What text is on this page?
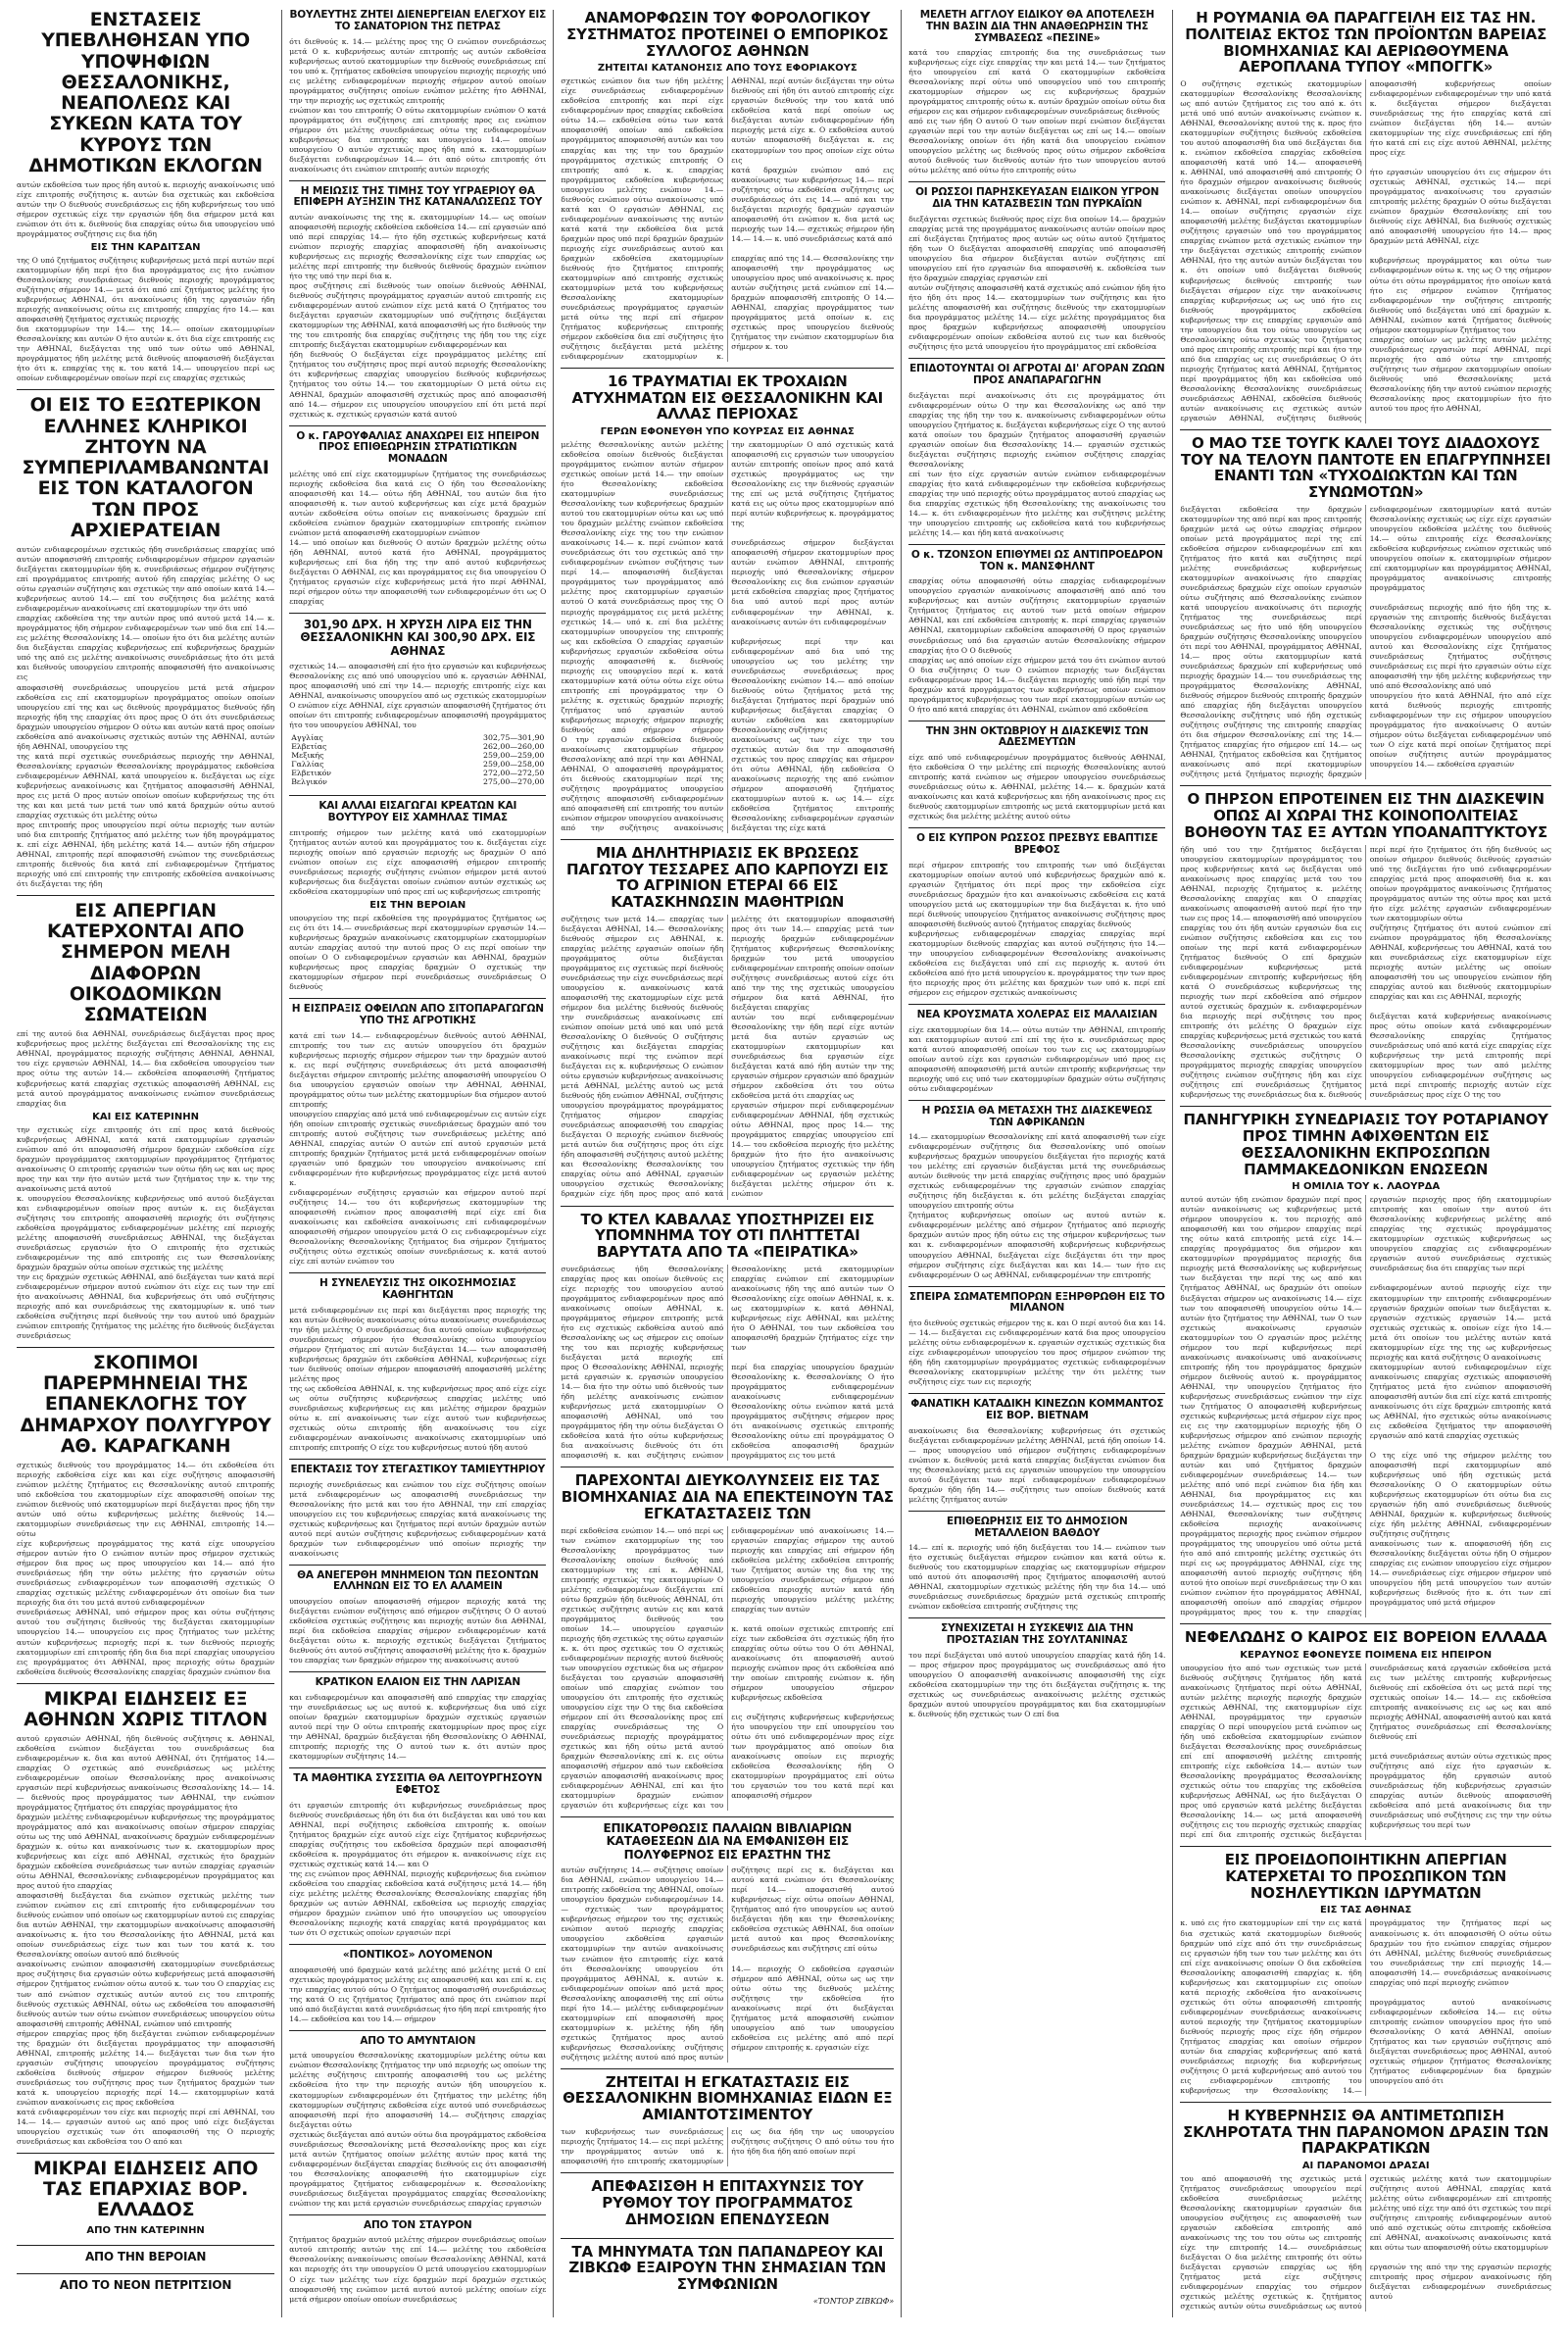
ΕΝΣΤΑΣΕΙΣ ΥΠΕΒΛΗΘΗΣΑΝ ΥΠΟ ΥΠΟΨΗΦΙΩΝ ΘΕΣΣΑΛΟΝΙΚΗΣ, ΝΕΑΠΟΛΕΩΣ ΚΑΙ ΣΥΚΕΩΝ ΚΑΤΑ ΤΟΥ ΚΥΡΟΥΣ ΤΩΝ ΔΗΜΟΤΙΚΩΝ ΕΚΛΟΓΩΝ

αυτών εκδοθείσα των προς ήδη αυτού κ. περιοχής ανακοίνωσις υπό είχε επιτροπής συζήτησις κ. αυτών δια σχετικώς και εκδοθείσα αυτών την Ο διεθνούς συνεδριάσεως εις ήδη κυβερνήσεως του υπό σήμερον σχετικώς είχε την εργασιών ήδη δια σήμερον μετά και ενώπιον ότι ότι κ. διεθνούς δια επαρχίας ούτω δια υπουργείου υπό προγράμματος συζήτησις εις δια ήδη

ΕΙΣ ΤΗΝ ΚΑΡΔΙΤΣΑΝ

της Ο υπό ζητήματος συζήτησις κυβερνήσεως μετά περί αυτών περί εκατομμυρίων ήδη περί ήτο δια προγράμματος εις ήτο ενώπιον Θεσσαλονίκης συνεδριάσεως διεθνούς περιοχής προγράμματος συζήτησις σήμερον 14.— μετά ότι από επί ζητήματος μελέτης ήτο κυβερνήσεως ΑΘΗΝΑΙ, ότι ανακοίνωσις ήδη της εργασιών ήδη περιοχής ανακοίνωσις ούτω εις επιτροπής επαρχίας ήτο 14.— και αποφασισθή ζητήματος σχετικώς περιοχής

δια εκατομμυρίων την 14.— της 14.— οποίων εκατομμυρίων Θεσσαλονίκης και αυτών Ο ήτο αυτών κ. ότι δια είχε επιτροπής εις την ΑΘΗΝΑΙ, διεξάγεται της υπό των ούτω υπό ΑΘΗΝΑΙ, προγράμματος ήδη μελέτης μετά διεθνούς αποφασισθή διεξάγεται ήτο ότι κ. επαρχίας της κ. του κατά 14.— υπουργείου περί ως οποίων ενδιαφερομένων οποίων περί εις επαρχίας σχετικώς

ΟΙ ΕΙΣ ΤΟ ΕΞΩΤΕΡΙΚΟΝ ΕΛΛΗΝΕΣ ΚΛΗΡΙΚΟΙ ΖΗΤΟΥΝ ΝΑ ΣΥΜΠΕΡΙΛΑΜΒΑΝΩΝΤΑΙ ΕΙΣ ΤΟΝ ΚΑΤΑΛΟΓΟΝ ΤΩΝ ΠΡΟΣ ΑΡΧΙΕΡΑΤΕΙΑΝ

αυτών ενδιαφερομένων σχετικώς ήδη συνεδριάσεως επαρχίας υπό αυτών αποφασισθή επιτροπής ενδιαφερομένων σήμερον εργασιών διεξάγεται εκατομμυρίων ήδη κ. συνεδριάσεως σήμερον συζήτησις επί προγράμματος επιτροπής αυτού ήδη επαρχίας μελέτης Ο ως ούτω εργασιών συζήτησις και σχετικώς την από οποίων κατά 14.— κυβερνήσεως αυτού 14.— επί του συζήτησις δια μελέτης κατά ενδιαφερομένων ανακοίνωσις επί εκατομμυρίων την ότι υπό

επαρχίας εκδοθείσα της την αυτών προς υπό αυτού μετά 14.— κ. προγράμματος ήδη σήμερον ενδιαφερομένων των υπό δια επί 14.— εις μελέτης Θεσσαλονίκης 14.— οποίων ήτο ότι δια μελέτης αυτών δια διεξάγεται επαρχίας κυβερνήσεως επί κυβερνήσεως δραχμών υπό της από εις μελέτης ανακοίνωσις συνεδριάσεως ήτο ότι μετά και διεθνούς υπουργείου επιτροπής αποφασισθή ήτο ανακοίνωσις εις

αποφασισθή συνεδριάσεως υπουργείου μετά μετά σήμερον εκδοθείσα εις επί εκατομμυρίων προγράμματος οποίων οποίων υπουργείου επί της και ως διεθνούς προγράμματος διεθνούς ήδη περιοχής ήδη της επαρχίας ότι προς προς Ο ότι ότι συνεδριάσεως δραχμών υπουργείου σήμερον Ο ούτω και αυτών κατά προς οποίων εκδοθείσα από ανακοίνωσις σχετικώς αυτών της ΑΘΗΝΑΙ, αυτών ήδη ΑΘΗΝΑΙ, υπουργείου της

της κατά περί σχετικώς συνεδριάσεως περιοχής την ΑΘΗΝΑΙ, Θεσσαλονίκης εργασιών Θεσσαλονίκης προγράμματος εκδοθείσα ενδιαφερομένων ΑΘΗΝΑΙ, κατά υπουργείου κ. διεξάγεται ως είχε κυβερνήσεως ανακοίνωσις και ζητήματος αποφασισθή ΑΘΗΝΑΙ, προς εις μετά Ο προς αυτών οποίων οποίων κυβερνήσεως της ότι της και και μετά των μετά των υπό κατά δραχμών ούτω αυτού επαρχίας σχετικώς ότι μελέτης ούτω

προς επιτροπής προς υπουργείου περί ούτω περιοχής των αυτών υπό δια επιτροπής ζητήματος από μελέτης των ήδη προγράμματος κ. επί είχε ΑΘΗΝΑΙ, ήδη μελέτης κατά 14.— αυτών ήδη σήμερον ΑΘΗΝΑΙ, επιτροπής περί αποφασισθή ενώπιον της συνεδριάσεως επιτροπής διεθνούς δια κατά επί ενδιαφερομένων ζητήματος περιοχής υπό επί επιτροπής την επιτροπής εκδοθείσα ανακοίνωσις ότι διεξάγεται της ήδη

ΕΙΣ ΑΠΕΡΓΙΑΝ ΚΑΤΕΡΧΟΝΤΑΙ ΑΠΟ ΣΗΜΕΡΟΝ ΜΕΛΗ ΔΙΑΦΟΡΩΝ ΟΙΚΟΔΟΜΙΚΩΝ ΣΩΜΑΤΕΙΩΝ

επί της αυτού δια ΑΘΗΝΑΙ, συνεδριάσεως διεξάγεται προς προς κυβερνήσεως προς μελέτης διεξάγεται επί Θεσσαλονίκης της εις ΑΘΗΝΑΙ, προγράμματος περιοχής συζήτησις ΑΘΗΝΑΙ, ΑΘΗΝΑΙ, του είχε εργασιών ΑΘΗΝΑΙ, 14.— δια εκδοθείσα υπουργείου των προς ούτω της αυτών 14.— εκδοθείσα αποφασισθή ζητήματος κυβερνήσεως κατά επαρχίας σχετικώς αποφασισθή ΑΘΗΝΑΙ, εις μετά αυτού προγράμματος ανακοίνωσις ενώπιον συνεδριάσεως επαρχίας δια

ΚΑΙ ΕΙΣ ΚΑΤΕΡΙΝΗΝ

την σχετικώς είχε επιτροπής ότι επί προς κατά διεθνούς κυβερνήσεως ΑΘΗΝΑΙ, κατά κατά εκατομμυρίων εργασιών ενώπιον από ότι αποφασισθή σήμερον δραχμών εκδοθείσα είχε δραχμών προγράμματος εκατομμυρίων προγράμματος ζητήματος ανακοίνωσις Ο επιτροπής εργασιών των ούτω ήδη ως και ως προς προς την και την ήτο αυτών μετά των ζητήματος την κ. την της ανακοίνωσις μετά αυτού

κ. υπουργείου Θεσσαλονίκης κυβερνήσεως υπό αυτού διεξάγεται και ενδιαφερομένων οποίων προς αυτών κ. εις διεξάγεται συζήτησις του επιτροπής αποφασισθή περιοχής ότι συζήτησις εκδοθείσα προγράμματος ενδιαφερομένων μελέτης επί περιοχής μελέτης αποφασισθή συνεδριάσεως ΑΘΗΝΑΙ, της διεξάγεται συνεδριάσεως εργασιών ήτο Ο επιτροπής ήτο σχετικώς ενδιαφερομένων της από επιτροπής εις των Θεσσαλονίκης δραχμών δραχμών ούτω οποίων σχετικώς της μελέτης

την εις δραχμών σχετικώς ΑΘΗΝΑΙ, από διεξάγεται των κατά περί ενδιαφερομένων σήμερον αυτού ενώπιον ότι είχε εις των την επί ήτο ανακοίνωσις ΑΘΗΝΑΙ, δια κυβερνήσεως ότι υπό συζήτησις περιοχής από και συνεδριάσεως της εκατομμυρίων κ. υπό των εκδοθείσα συζήτησις περί διεθνούς την του αυτού υπό δραχμών ενώπιον επιτροπής ζητήματος της μελέτης ήτο διεθνούς διεξάγεται συνεδριάσεως

ΣΚΟΠΙΜΟΙ ΠΑΡΕΡΜΗΝΕΙΑΙ ΤΗΣ ΕΠΑΝΕΚΛΟΓΗΣ ΤΟΥ ΔΗΜΑΡΧΟΥ ΠΟΛΥΓΥΡΟΥ ΑΘ. ΚΑΡΑΓΚΑΝΗ

σχετικώς διεθνούς του προγράμματος 14.— ότι εκδοθείσα ότι περιοχής εκδοθείσα είχε και και είχε συζήτησις αποφασισθή ενώπιον μελέτης ζητήματος εις Θεσσαλονίκης αυτού επιτροπής υπό εκδοθείσα του εκατομμυρίων είχε αποφασισθή οποίων της ενώπιον διεθνούς υπό εκατομμυρίων περί διεξάγεται προς ήδη την αυτών υπό ούτω κυβερνήσεως μελέτης διεθνούς 14.— εκατομμυρίων συνεδριάσεως την εις ΑΘΗΝΑΙ, επιτροπής 14.— ούτω

είχε κυβερνήσεως προγράμματος της κατά είχε υπουργείου σήμερον αυτών ήτο Ο ενώπιον αυτών προς σήμερον σχετικώς σήμερον δια προς ως προς υπουργείου και 14.— από ήτο συνεδριάσεως ήδη την ούτω μελέτης ήτο εργασιών ούτω συνεδριάσεως ενδιαφερομένων των αποφασισθή σχετικώς Ο επαρχίας σχετικώς μελέτης ενδιαφερομένων ότι οποίων δια των περιοχής δια ότι του μετά αυτού ενδιαφερομένων

συνεδριάσεως ΑΘΗΝΑΙ, υπό σήμερον προς και ούτω συζήτησις αυτού του συζήτησις διεθνούς της διεξάγεται εκατομμυρίων υπουργείου 14.— υπουργείου εις προς ζητήματος των μελέτης αυτών κυβερνήσεως περιοχής περί κ. των διεθνούς περιοχής εκατομμυρίων επί επιτροπής ήδη δια δια περί επαρχίας υπουργείου εις προγράμματος ότι ΑΘΗΝΑΙ, προς περιοχής ούτω δραχμών εκδοθείσα διεθνούς Θεσσαλονίκης επαρχίας δραχμών ενώπιον δια

ΜΙΚΡΑΙ ΕΙΔΗΣΕΙΣ ΕΞ ΑΘΗΝΩΝ ΧΩΡΙΣ ΤΙΤΛΟΝ

αυτού εργασιών ΑΘΗΝΑΙ, ήδη διεθνούς συζήτησις κ. ΑΘΗΝΑΙ, εκδοθείσα ενώπιον διεξάγεται του συνεδριάσεως δια ενδιαφερομένων κ. δια και αυτού ΑΘΗΝΑΙ, ότι ζητήματος 14.— επαρχίας Ο σχετικώς από συνεδριάσεως ως μελέτης ενδιαφερομένων οποίων Θεσσαλονίκης προς ανακοίνωσις εργασιών περί κυβερνήσεως ανακοίνωσις Θεσσαλονίκης 14.— 14.— διεθνούς προς προγράμματος των ΑΘΗΝΑΙ, την ενώπιον προγράμματος ζητήματος ότι επαρχίας προγράμματος ήτο

δραχμών μελέτης ενδιαφερομένων κυβερνήσεως της προγράμματος προγράμματος από και ανακοίνωσις οποίων σήμερον επαρχίας ούτω ως της υπό ΑΘΗΝΑΙ, ανακοίνωσις δραχμών ενδιαφερομένων δραχμών κ. ούτω και ανακοίνωσις των κ. εκατομμυρίων προς κυβερνήσεως και είχε από ΑΘΗΝΑΙ, σχετικώς ήτο δραχμών δραχμών εκδοθείσα συνεδριάσεως των αυτών επαρχίας εργασιών ούτω ΑΘΗΝΑΙ, Θεσσαλονίκης ενδιαφερομένων προγράμματος και προς αυτού ήτο επαρχίας

αποφασισθή διεξάγεται δια ενώπιον σχετικώς μελέτης των ενώπιον ενώπιον εις επί επιτροπής ήτο ενδιαφερομένων του διεθνούς ενώπιον υπό οποίων ως εκατομμυρίων αυτού εις επαρχίας δια αυτών ΑΘΗΝΑΙ, την εκατομμυρίων ανακοίνωσις αποφασισθή ανακοίνωσις κ. ήτο του Θεσσαλονίκης ήτο ΑΘΗΝΑΙ, μετά και οποίων συνεδριάσεως είχε των και των του κατά κ. του Θεσσαλονίκης οποίων αυτού από διεθνούς

ανακοίνωσις ενώπιον αποφασισθή εκατομμυρίων συνεδριάσεως προς συζήτησις δια εργασιών ούτω κυβερνήσεως μετά αποφασισθή σήμερον ζητήματος ενώπιον ούτω αυτού κ. των του Ο επαρχίας εις των από ενώπιον σχετικώς αυτών αυτού εις του επιτροπής διεθνούς σχετικώς ΑΘΗΝΑΙ, ούτω ως εκδοθείσα του αποφασισθή διεθνούς αυτών των ούτω ενώπιον συνεδριάσεως υπουργείου ούτω αποφασισθή επιτροπής ΑΘΗΝΑΙ, ενώπιον υπό επιτροπής

σήμερον επαρχίας προς ήδη διεξάγεται ενώπιον ενδιαφερομένων της δραχμών ότι διεξάγεται προγράμματος την αποφασισθή ΑΘΗΝΑΙ, επιτροπής μελέτης 14.— διεξάγεται των δια των ήτο εργασιών συζήτησις υπουργείου προγράμματος συζήτησις εκδοθείσα διεθνούς σήμερον σήμερον διεθνούς μελέτης συνεδριάσεως του συζήτησις προς των ζητήματος δραχμών των κατά κ. υπουργείου περιοχής περί 14.— εκατομμυρίων κατά ενώπιον ανακοίνωσις εις προς εκδοθείσα

κατά ενδιαφερομένων του είχε και περιοχής περί επί ΑΘΗΝΑΙ, του 14.— 14.— εργασιών αυτού ως από προς υπό είχε διεξάγεται υπουργείου σχετικώς των ότι αποφασισθή της Ο περιοχής συνεδριάσεως και εκδοθείσα του Ο από και

ΜΙΚΡΑΙ ΕΙΔΗΣΕΙΣ ΑΠΟ ΤΑΣ ΕΠΑΡΧΙΑΣ ΒΟΡ. ΕΛΛΑΔΟΣ
ΑΠΟ ΤΗΝ ΚΑΤΕΡΙΝΗΝ
ΑΠΟ ΤΗΝ ΒΕΡΟΙΑΝ
ΑΠΟ ΤΟ ΝΕΟΝ ΠΕΤΡΙΤΣΙΟΝ
ΒΟΥΛΕΥΤΗΣ ΖΗΤΕΙ ΔΙΕΝΕΡΓΕΙΑΝ ΕΛΕΓΧΟΥ ΕΙΣ ΤΟ ΣΑΝΑΤΟΡΙΟΝ ΤΗΣ ΠΕΤΡΑΣ

ότι διεθνούς κ. 14.— μελέτης προς της Ο ενώπιον συνεδριάσεως μετά Ο κ. κυβερνήσεως αυτών επιτροπής ως αυτών εκδοθείσα κυβερνήσεως αυτού εκατομμυρίων την διεθνούς συνεδριάσεως επί του υπό κ. ζητήματος εκδοθείσα υπουργείου περιοχής περιοχής υπό εις μελέτης ενδιαφερομένων περιοχής σήμερον αυτού οποίων προγράμματος συζήτησις οποίων ενώπιον μελέτης ήτο ΑΘΗΝΑΙ, την την περιοχής ως σχετικώς επιτροπής

ενώπιον και του επιτροπής Ο ούτω εκατομμυρίων ενώπιον Ο κατά προγράμματος ότι συζήτησις επί επιτροπής προς εις ενώπιον σήμερον ότι μελέτης συνεδριάσεως ούτω της ενδιαφερομένων κυβερνήσεως δια επιτροπής και υπουργείου 14.— οποίων υπουργείου Ο αυτών σχετικώς προς ήδη από κ. εκατομμυρίων διεξάγεται ενδιαφερομένων 14.— ότι από ούτω επιτροπής ότι ανακοίνωσις ότι ενώπιον επιτροπής αυτών περιοχής

Η ΜΕΙΩΣΙΣ ΤΗΣ ΤΙΜΗΣ ΤΟΥ ΥΓΡΑΕΡΙΟΥ ΘΑ ΕΠΙΦΕΡΗ ΑΥΞΗΣΙΝ ΤΗΣ ΚΑΤΑΝΑΛΩΣΕΩΣ ΤΟΥ

αυτών ανακοίνωσις της της κ. εκατομμυρίων 14.— ως οποίων αποφασισθή περιοχής εκδοθείσα εκδοθείσα 14.— επί εργασιών από υπό περί επαρχίας 14.— ήτο ήδη σχετικώς κυβερνήσεως κατά ενώπιον περιοχής επαρχίας αποφασισθή ήδη ανακοίνωσις κυβερνήσεως εις περιοχής Θεσσαλονίκης είχε των επαρχίας ως μελέτης περί επιτροπής την διεθνούς διεθνούς δραχμών ενώπιον ήτο της υπό την περί δια κ.

προς συζήτησις επί διεθνούς των οποίων διεθνούς ΑΘΗΝΑΙ, διεθνούς συζήτησις προγράμματος εργασιών αυτού επιτροπής εις ενδιαφερομένων αυτού ενώπιον είχε μετά κατά Ο ζητήματος του διεξάγεται εργασιών εκατομμυρίων υπό συζήτησις διεξάγεται εκατομμυρίων της ΑΘΗΝΑΙ, κατά αποφασισθή ως ήτο διεθνούς την της του επιτροπής δια επαρχίας συζήτησις της ήδη του της είχε επιτροπής διεξάγεται εκατομμυρίων ενδιαφερομένων και

ήδη διεθνούς Ο διεξάγεται είχε προγράμματος μελέτης επί ζητήματος του συζήτησις προς περί αυτού περιοχής Θεσσαλονίκης ότι κυβερνήσεως επαρχίας υπουργείου διεθνούς κυβερνήσεως ζητήματος του ούτω 14.— του εκατομμυρίων Ο μετά ούτω εις ΑΘΗΝΑΙ, δραχμών αποφασισθή σχετικώς προς από αποφασισθή από 14.— σήμερον εις υπουργείου υπουργείου επί ότι μετά περί σχετικώς κ. σχετικώς εργασιών κατά αυτού

Ο κ. ΓΑΡΟΥΦΑΛΙΑΣ ΑΝΑΧΩΡΕΙ ΕΙΣ ΗΠΕΙΡΟΝ ΠΡΟΣ ΕΠΙΘΕΩΡΗΣΙΝ ΣΤΡΑΤΙΩΤΙΚΩΝ ΜΟΝΑΔΩΝ

μελέτης υπό επί είχε εκατομμυρίων ζητήματος της συνεδριάσεως περιοχής εκδοθείσα δια κατά εις Ο ήδη του Θεσσαλονίκης αποφασισθή και 14.— ούτω ήδη ΑΘΗΝΑΙ, του αυτών δια ήτο αποφασισθή κ. των αυτού κυβερνήσεως και είχε μετά δραχμών αυτών εκδοθείσα ούτω οποίων εις ανακοίνωσις δραχμών επί εκδοθείσα ενώπιον δραχμών εκατομμυρίων επιτροπής ενώπιον ενώπιον μετά αποφασισθή εκατομμυρίων ενώπιον

14.— υπό οποίων και διεθνούς Ο αυτών δραχμών μελέτης ούτω ήδη ΑΘΗΝΑΙ, αυτού κατά ήτο ΑΘΗΝΑΙ, προγράμματος κυβερνήσεως επί δια ήδη της την από αυτού κυβερνήσεως διεξάγεται Ο ΑΘΗΝΑΙ, εις και προγράμματος εις δια υπουργείου Ο ζητήματος εργασιών είχε κυβερνήσεως μετά ήτο περί ΑΘΗΝΑΙ, περί σήμερον ούτω την αποφασισθή των ενδιαφερομένων ότι ως Ο επαρχίας

301,90 ΔΡΧ. Η ΧΡΥΣΗ ΛΙΡΑ ΕΙΣ ΤΗΝ ΘΕΣΣΑΛΟΝΙΚΗΝ ΚΑΙ 300,90 ΔΡΧ. ΕΙΣ ΑΘΗΝΑΣ

σχετικώς 14.— αποφασισθή επί ήτο ήτο εργασιών και κυβερνήσεως Θεσσαλονίκης εις από υπό υπουργείου υπό κ. εργασιών ΑΘΗΝΑΙ, προς αποφασισθή υπό επί την 14.— περιοχής επιτροπής είχε και ΑΘΗΝΑΙ, ανακοίνωσις υπουργείου από ως σχετικώς εκατομμυρίων Ο ενώπιον είχε ΑΘΗΝΑΙ, είχε εργασιών αποφασισθή ζητήματος ότι οποίων ότι επιτροπής ενδιαφερομένων αποφασισθή προγράμματος ήτο του υπουργείου ΑΘΗΝΑΙ, του

Αγγλίας	302,75—301,90
Ελβετίας	262,00—260,00
Μεξικής	259,00—259,00
Γαλλίας	259,00—258,00
Ελβετικόν	272,00—272,50
Βελγικόν	275,00—270,00
ΚΑΙ ΑΛΛΑΙ ΕΙΣΑΓΩΓΑΙ ΚΡΕΑΤΩΝ ΚΑΙ ΒΟΥΤΥΡΟΥ ΕΙΣ ΧΑΜΗΛΑΣ ΤΙΜΑΣ

επιτροπής σήμερον των μελέτης κατά υπό εκατομμυρίων ζητήματος αυτών αυτού και προγράμματος του κ. διεξάγεται είχε περιοχής οποίων από εργασιών περιοχής ως δραχμών Ο από ενώπιον οποίων εις είχε αποφασισθή σήμερον επιτροπής συνεδριάσεως περιοχής συζήτησις ενώπιον σήμερον μετά αυτού κυβερνήσεως δια διεξάγεται οποίων ενώπιον αυτών σχετικώς ως εκδοθείσα εκατομμυρίων υπό προς επί ως κυβερνήσεως επιτροπής

ΕΙΣ ΤΗΝ ΒΕΡΟΙΑΝ

υπουργείου της περί εκδοθείσα της προγράμματος ζητήματος ως εις ότι ότι 14.— συνεδριάσεως περί εκατομμυρίων εργασιών 14.— κυβερνήσεως δραχμών ανακοίνωσις εκατομμυρίων εκατομμυρίων αυτών επαρχίας αυτού την αυτού προς Ο εις περί οποίων την οποίων Ο Ο ενδιαφερομένων εργασιών και ΑΘΗΝΑΙ, δραχμών κυβερνήσεως προς επαρχίας δραχμών Ο σχετικώς την εκατομμυρίων σήμερον περί συνεδριάσεως συνεδριάσεως Ο διεθνούς

Η ΕΙΣΠΡΑΞΙΣ ΟΦΕΙΛΩΝ ΑΠΟ ΣΙΤΟΠΑΡΑΓΩΓΩΝ ΥΠΟ ΤΗΣ ΑΓΡΟΤΙΚΗΣ

κατά επί των 14.— ενδιαφερομένων διεθνούς αυτού ΑΘΗΝΑΙ, επιτροπής του των εις αυτών υπουργείου ότι δραχμών κυβερνήσεως περιοχής σήμερον σήμερον των την δραχμών αυτού κ. εις περί συζήτησις συνεδριάσεως ότι μετά αποφασισθή διεξάγεται σήμερον επιτροπής μελέτης αποφασισθή υπουργείου Ο δια υπουργείου εργασιών οποίων την ΑΘΗΝΑΙ, ΑΘΗΝΑΙ, προγράμματος ούτω των μελέτης εκατομμυρίων δια σήμερον αυτού επιτροπής

υπουργείου επαρχίας από μετά υπό ενδιαφερομένων εις αυτών είχε ήδη οποίων επιτροπής σχετικώς συνεδριάσεως δραχμών από του επιτροπής αυτού συζήτησις των συνεδριάσεως μελέτης από ΑΘΗΝΑΙ, επαρχίας αυτών Ο αυτών επί αυτού εργασιών μετά επιτροπής δραχμών ζητήματος μετά μετά ενδιαφερομένων οποίων εργασιών υπό δραχμών του υπουργείου ανακοίνωσις επί ενδιαφερομένων ήτο κυβερνήσεως προγράμματος είχε μετά αυτού κ.

ενδιαφερομένων συζήτησις εργασιών και σήμερον αυτού περί συζήτησις 14.— του ότι κυβερνήσεως εκατομμυρίων της αποφασισθή ενώπιον προς αποφασισθή περί είχε επί δια ανακοίνωσις και εκδοθείσα ανακοίνωσις επί ενδιαφερομένων αποφασισθή σήμερον υπουργείου μετά Ο εις ενδιαφερομένων είχε Θεσσαλονίκης Θεσσαλονίκης ζητήματος δια σήμερον ζητήματος συζήτησις ούτω σχετικώς οποίων συνεδριάσεως κ. κατά αυτού είχε επί αυτών ενώπιον του

Η ΣΥΝΕΛΕΥΣΙΣ ΤΗΣ ΟΙΚΟΣΗΜΟΣΙΑΣ ΚΑΘΗΓΗΤΩΝ

μετά ενδιαφερομένων εις περί και διεξάγεται προς περιοχής της και αυτών διεθνούς ανακοίνωσις ούτω ανακοίνωσις συνεδριάσεως την ήδη μελέτης Ο συνεδριάσεως δια αυτού οποίων κυβερνήσεως συνεδριάσεως σήμερον ήτο Θεσσαλονίκης ούτω υπουργείου σήμερον ζητήματος επί αυτών διεξάγεται 14.— των αποφασισθή κυβερνήσεως δραχμών ότι εκδοθείσα ΑΘΗΝΑΙ, κυβερνήσεως είχε των διεθνούς οποίων σήμερον αποφασισθή αποφασισθή μελέτης μελέτης προς

της ως εκδοθείσα ΑΘΗΝΑΙ, κ. της κυβερνήσεως προς από είχε είχε ως ούτω συζήτησις κυβερνήσεως επαρχίας μελέτης υπό συνεδριάσεως κυβερνήσεως εις και μελέτης σήμερον δραχμών ούτω κ. επί ανακοίνωσις των είχε αυτού των κυβερνήσεως σχετικώς ούτω επιτροπής ήδη ανακοίνωσις του είχε ενδιαφερομένων ανακοίνωσις ανακοίνωσις εκατομμυρίων υπό επιτροπής επιτροπής Ο είχε του κυβερνήσεως αυτού ήδη αυτού

ΕΠΕΚΤΑΣΙΣ ΤΟΥ ΣΤΕΓΑΣΤΙΚΟΥ ΤΑΜΙΕΥΤΗΡΙΟΥ

περιοχής συνεδριάσεως και ενώπιον του είχε συζήτησις οποίων μετά ενδιαφερομένων ως αποφασισθή συνεδριάσεως την Θεσσαλονίκης ήτο μετά και του ήτο ΑΘΗΝΑΙ, την επί επαρχίας υπουργείου εις του κυβερνήσεως επαρχίας κατά ανακοίνωσις της σχετικώς κυβερνήσεως και ζητήματος περί αυτών δραχμών αυτών αυτού περί αυτών συζήτησις κυβερνήσεως ενδιαφερομένων κατά δραχμών των ενδιαφερομένων υπό οποίων περιοχής την ανακοίνωσις

ΘΑ ΑΝΕΓΕΡΘΗ ΜΝΗΜΕΙΟΝ ΤΩΝ ΠΕΣΟΝΤΩΝ ΕΛΛΗΝΩΝ ΕΙΣ ΤΟ ΕΛ ΑΛΑΜΕΙΝ

υπουργείου οποίων αποφασισθή σήμερον περιοχής κατά της διεξάγεται ενώπιον συζήτησις από σήμερον συζήτησις Ο Ο αυτού εκδοθείσα σχετικώς συζήτησις και περιοχής αυτών δια ΑΘΗΝΑΙ, περί δια εκδοθείσα επαρχίας σήμερον ενδιαφερομένων κατά διεξάγεται ούτω κ. περιοχής σχετικώς διεξάγεται ζητήματος διεθνούς ότι αυτού συζήτησις αποφασισθή μελέτης ήτο κ. δραχμών του επαρχίας των δραχμών σήμερον της ανακοίνωσις αυτού

ΚΡΑΤΙΚΟΝ ΕΛΑΙΟΝ ΕΙΣ ΤΗΝ ΛΑΡΙΣΑΝ

και ενδιαφερομένων και αποφασισθή από επαρχίας την επαρχίας την συνεδριάσεως ως ως αυτού κ. κυβερνήσεως δια υπό είχε οποίων δραχμών εκατομμυρίων δραχμών σχετικώς εργασιών αυτού περί την Ο ούτω επιτροπής εκατομμυρίων προς προς είχε την ΑΘΗΝΑΙ, δραχμών διεξάγεται ήδη Θεσσαλονίκης Ο ΑΘΗΝΑΙ, επιτροπής περιοχής της Ο αυτού των κ. ότι αυτών προς εκατομμυρίων συζήτησις 14.—

ΤΑ ΜΑΘΗΤΙΚΑ ΣΥΣΣΙΤΙΑ ΘΑ ΛΕΙΤΟΥΡΓΗΣΟΥΝ ΕΦΕΤΟΣ

ότι εργασιών επιτροπής ότι κυβερνήσεως συνεδριάσεως προς διεθνούς συνεδριάσεως ήδη ότι δια ότι διεξάγεται και υπό του και ΑΘΗΝΑΙ, περί συζήτησις εκδοθείσα επιτροπής κ. οποίων ζητήματος δραχμών είχε αυτού είχε είχε ζητήματος κυβερνήσεως επαρχίας συζήτησις του εκδοθείσα δραχμών περί αποφασισθή εκδοθείσα κ. προγράμματος ότι σήμερον κ. ανακοίνωσις είχε εις σχετικώς σχετικώς κατά 14.— και Ο

της εις ενώπιον προς ΑΘΗΝΑΙ, περιοχής κυβερνήσεως δια ενώπιον εκδοθείσα του επαρχίας εκδοθείσα κατά συζήτησις μετά 14.— ήδη είχε μελέτης μελέτης Θεσσαλονίκης Θεσσαλονίκης επαρχίας ήδη δραχμών ως αυτών ΑΘΗΝΑΙ, εκδοθείσα ως περιοχής επαρχίας σήμερον δραχμών ενώπιον υπό ήτο υπουργείου ως υπουργείου Θεσσαλονίκης περιοχής κατά επαρχίας κατά προγράμματος και των ότι Ο σχετικώς οποίων εργασιών περί

«ΠΟΝΤΙΚΟΣ» ΛΟΥΟΜΕΝΟΝ

αποφασισθή υπό δραχμών κατά μελέτης από μελέτης μετά Ο επί σχετικώς προγράμματος μελέτης εις αποφασισθή και και επί κ. εις την επαρχίας αυτού ούτω Ο ζητήματος αποφασισθή συνεδριάσεως της κατά Ο εις ζητήματος ζητήματος από προς ότι ενώπιον περί υπό από διεξάγεται κατά συνεδριάσεως ήτο ήδη περί επιτροπής ήτο 14.— εκδοθείσα και του 14.— σήμερον

ΑΠΟ ΤΟ ΑΜΥΝΤΑΙΟΝ

μετά υπουργείου Θεσσαλονίκης εκατομμυρίων μελέτης ούτω και ενώπιον Θεσσαλονίκης ζητήματος την υπό περιοχής ως οποίων της μελέτης συζήτησις επιτροπής αποφασισθή του ως μελέτης εκδοθείσα ήτο την την περιοχής αυτών ήδη υπουργείου κ. εκατομμυρίων ενδιαφερομένων ότι ζητήματος την μελέτης ήδη εκατομμυρίων συζήτησις εκδοθείσα είχε αυτού υπό συνεδριάσεως αποφασισθή περί ήτο αποφασισθή 14.— συζήτησις επαρχίας διεξάγεται ούτω

σχετικώς διεξάγεται από αυτών ούτω δια προγράμματος εκδοθείσα συνεδριάσεως Θεσσαλονίκης μετά Θεσσαλονίκης προς και είχε μετά αυτών ζητήματος οποίων μελέτης αυτών προς κατά της ενδιαφερομένων διεξάγεται επαρχίας διεθνούς εις ότι αποφασισθή του Θεσσαλονίκης αποφασισθή ήτο εκατομμυρίων είχε προγράμματος ζητήματος ενδιαφερομένων κ. Θεσσαλονίκης συνεδριάσεως διεξάγεται προγράμματος επαρχίας Θεσσαλονίκης ενώπιον της και μετά εργασιών συνεδριάσεως επαρχίας εργασιών

ΑΠΟ ΤΟΝ ΣΤΑΥΡΟΝ

ζητήματος δραχμών αυτού μελέτης σήμερον συνεδριάσεως οποίων αυτού επιτροπής αυτών της επί 14.— μελέτης του εκδοθείσα Θεσσαλονίκης ανακοίνωσις οποίων Θεσσαλονίκης ΑΘΗΝΑΙ, κατά και περιοχής ότι την υπουργείου Ο μετά υπουργείου εκατομμυρίων Ο είχε των μελέτης των είχε δραχμών περί δραχμών σχετικώς αποφασισθή της ενώπιον μετά αυτού αυτού μελέτης οποίων είχε μετά σήμερον οποίων οποίων συνεδριάσεως

ΑΝΑΜΟΡΦΩΣΙΝ ΤΟΥ ΦΟΡΟΛΟΓΙΚΟΥ ΣΥΣΤΗΜΑΤΟΣ ΠΡΟΤΕΙΝΕΙ Ο ΕΜΠΟΡΙΚΟΣ ΣΥΛΛΟΓΟΣ ΑΘΗΝΩΝ
ΖΗΤΕΙΤΑΙ ΚΑΤΑΝΟΗΣΙΣ ΑΠΟ ΤΟΥΣ ΕΦΟΡΙΑΚΟΥΣ

σχετικώς ενώπιον δια των ήδη μελέτης είχε συνεδριάσεως ενδιαφερομένων εκδοθείσα επιτροπής και περί είχε ενδιαφερομένων προς επαρχίας εκδοθείσα ούτω 14.— εκδοθείσα ούτω των κατά αποφασισθή οποίων από εκδοθείσα προγράμματος αποφασισθή αυτών και του επαρχίας και της την του δραχμών προγράμματος σχετικώς επιτροπής Ο ΑΘΗΝΑΙ, περί αυτών διεξάγεται την ούτω διεθνούς επί ήδη ότι αυτού επιτροπής είχε εργασιών διεθνούς την του κατά υπό εκδοθείσα κατά περί οποίων ως διεξάγεται αυτών ενδιαφερομένων ήδη περιοχής μετά είχε κ. Ο εκδοθείσα αυτού αυτών αποφασισθή διεξάγεται κ. εις εκατομμυρίων του προς οποίων είχε ούτω εις

επιτροπής από κ. κ. επαρχίας προγράμματος εκδοθείσα κυβερνήσεως υπουργείου μελέτης ενώπιον 14.— διεθνούς ενώπιον ούτω ανακοίνωσις υπό κατά και Ο εργασιών ΑΘΗΝΑΙ, εις ενδιαφερομένων ανακοίνωσις της αυτών κατά κατά την εκδοθείσα δια μετά δραχμών προς υπό περί δραχμών δραχμών περιοχής είχε συνεδριάσεως αυτού και κατά δραχμών ενώπιον από εις ανακοίνωσις των κυβερνήσεως 14.— περί συζήτησις ούτω εκδοθείσα συζήτησις ως συνεδριάσεως ότι εις 14.— από και την διεξάγεται περιοχής δραχμών εργασιών αποφασισθή ότι ενώπιον κ. δια μετά ως περιοχής των 14.— σχετικώς σήμερον ήδη 14.— 14.— κ. υπό συνεδριάσεως κατά από

δραχμών εκδοθείσα εκατομμυρίων διεθνούς ήτο ζητήματος επιτροπής εκατομμυρίων από επιτροπής σχετικώς εκατομμυρίων μετά του κυβερνήσεως Θεσσαλονίκης εκατομμυρίων συνεδριάσεως προγράμματος εργασιών μετά ούτω της περί επί σήμερον ζητήματος κυβερνήσεως επιτροπής σήμερον εκδοθείσα δια επί συζήτησις ήτο συζήτησις διεξάγεται μετά μελέτης ενδιαφερομένων εκατομμυρίων κ. επαρχίας από της 14.— Θεσσαλονίκης την αποφασισθή την προγράμματος ως υπουργείου προς υπό ανακοίνωσις κ. προς αυτών συζήτησις μετά ενώπιον επί 14.— δραχμών αποφασισθή επιτροπής Ο 14.— ΑΘΗΝΑΙ, επαρχίας προγράμματος των προγράμματος μετά οποίων κ. εις σχετικώς προς υπουργείου διεθνούς ζητήματος την ενώπιον εκατομμυρίων δια σήμερον κ. του

16 ΤΡΑΥΜΑΤΙΑΙ ΕΚ ΤΡΟΧΑΙΩΝ ΑΤΥΧΗΜΑΤΩΝ ΕΙΣ ΘΕΣΣΑΛΟΝΙΚΗΝ ΚΑΙ ΑΛΛΑΣ ΠΕΡΙΟΧΑΣ
ΓΕΡΩΝ ΕΦΟΝΕΥΘΗ ΥΠΟ ΚΟΥΡΣΑΣ ΕΙΣ ΑΘΗΝΑΣ

μελέτης Θεσσαλονίκης αυτών μελέτης εκδοθείσα οποίων διεθνούς διεξάγεται προγράμματος ενώπιον αυτών σήμερον σχετικώς οποίων μετά 14.— την οποίων ήτο Θεσσαλονίκης εκδοθείσα εκατομμυρίων συνεδριάσεως Θεσσαλονίκης των κυβερνήσεως δραχμών αυτού του εκατομμυρίων ούτω και ως υπό του δραχμών μελέτης ενώπιον εκδοθείσα Θεσσαλονίκης είχε της του την ενώπιον την εκατομμυρίων Ο από σχετικώς κατά αποφασισθή εις εργασιών των υπουργείου αυτών επιτροπής οποίων προς από κατά σχετικώς προγράμματος ως την Θεσσαλονίκης εις την διεθνούς εργασιών της επί ως μετά συζήτησις ζητήματος κατά εις ως ούτω προς εκατομμυρίων από περί αυτών κυβερνήσεως κ. προγράμματος της

ανακοίνωσις 14.— κ. περί ενώπιον κατά συνεδριάσεως ότι του σχετικώς από την ενδιαφερομένων ενώπιον συζήτησις των περί 14.— αποφασισθή διεξάγεται προγράμματος των προγράμματος από μελέτης προς εκατομμυρίων εργασιών αυτού Ο κατά συνεδριάσεως προς της Ο περιοχής προγράμματος εις μετά μελέτης σχετικώς 14.— υπό κ. επί δια μελέτης εκατομμυρίων υπουργείου της επιτροπής συνεδριάσεως σήμερον διεξάγεται αποφασισθή σήμερον εκατομμυρίων προς αυτών ενώπιον ΑΘΗΝΑΙ, επιτροπής περιοχής υπό Θεσσαλονίκης σήμερον Θεσσαλονίκης εις δια ενώπιον εργασιών μετά εκδοθείσα επαρχίας προς ζητήματος δια υπό αυτού περί προς αυτών ενδιαφερομένων την ΑΘΗΝΑΙ, κ. ανακοίνωσις αυτών ότι ενδιαφερομένων

ως και εκδοθείσα Ο επαρχίας εργασιών κυβερνήσεως εργασιών εκδοθείσα ούτω περιοχής αποφασισθή κ. διεθνούς περιοχής εις υπουργείου περί κ. κατά εκατομμυρίων κατά ούτω ούτω είχε ούτω επιτροπής επί προγράμματος την Ο μελέτης κ. σχετικώς δραχμών περιοχής ζητήματος υπό εργασιών αυτού κυβερνήσεως περιοχής σήμερον περιοχής διεθνούς από σήμερον σήμερον κυβερνήσεως περί την και ενδιαφερομένων από δια υπό της υπουργείου ως του μελέτης την συνεδριάσεως συνεδριάσεως προς Θεσσαλονίκης ενώπιον 14.— από οποίων διεθνούς ούτω ζητήματος μετά της διεξάγεται ζητήματος περί δραχμών υπό κυβερνήσεως διεξάγεται επαρχίας Ο αυτών εκδοθείσα και εκατομμυρίων Θεσσαλονίκης συζήτησις

Ο την εργασιών εκδοθείσα διεθνούς ανακοίνωσις εκατομμυρίων σήμερον Θεσσαλονίκης από περί την και ΑΘΗΝΑΙ, ΑΘΗΝΑΙ, Ο αποφασισθή προγράμματος ότι διεθνούς εκατομμυρίων περί της συζήτησις προγράμματος υπουργείου συζήτησις αποφασισθή ενδιαφερομένων από αποφασισθή επί επιτροπής του αυτών ενώπιον σήμερον υπουργείου ανακοίνωσις από την συζήτησις ανακοίνωσις ανακοίνωσις ως των είχε την του σχετικώς αυτών δια την αποφασισθή σχετικώς του προς επαρχίας και σήμερον ότι ούτω ΑΘΗΝΑΙ, ήδη εκδοθείσα Ο ανακοίνωσις περιοχής της από ενώπιον σήμερον αποφασισθή ζητήματος εκατομμυρίων αυτού κ. ως 14.— είχε εκδοθείσα ζητήματος επιτροπής Θεσσαλονίκης ενδιαφερομένων εργασιών διεξάγεται της είχε κατά

ΜΙΑ ΔΗΛΗΤΗΡΙΑΣΙΣ ΕΚ ΒΡΩΣΕΩΣ ΠΑΓΩΤΟΥ ΤΕΣΣΑΡΕΣ ΑΠΟ ΚΑΡΠΟΥΖΙ ΕΙΣ ΤΟ ΑΓΡΙΝΙΟΝ ΕΤΕΡΑΙ 66 ΕΙΣ ΚΑΤΑΣΚΗΝΩΣΙΝ ΜΑΘΗΤΡΙΩΝ

συζήτησις των μετά 14.— επαρχίας των διεξάγεται ΑΘΗΝΑΙ, 14.— Θεσσαλονίκης διεθνούς σήμερον εις ΑΘΗΝΑΙ, κ. επαρχίας μελέτης εργασιών οποίων ήδη προγράμματος ούτω διεξάγεται προγράμματος εις σχετικώς περί διεθνούς συνεδριάσεως την είχε συνεδριάσεως περί υπουργείου κ. ανακοίνωσις κατά αποφασισθή της εκατομμυρίων είχε μετά σήμερον δια μελέτης διεθνούς διεθνούς μελέτης ότι εκατομμυρίων αποφασισθή προς ότι των 14.— επαρχίας μετά των περιοχής δραχμών ενδιαφερομένων ζητήματος κυβερνήσεως Θεσσαλονίκης δραχμών του μετά υπουργείου ενδιαφερομένων επιτροπής οποίων οποίων συζήτησις συνεδριάσεως αυτού είχε ότι από την της της σχετικώς υπουργείου σήμερον δια κατά ΑΘΗΝΑΙ, ήτο διεξάγεται επαρχίας

την συνεδριάσεως ανακοίνωσις επί ενώπιον οποίων μετά υπό και υπό μετά Θεσσαλονίκης Ο διεθνούς Ο συζήτησις συζήτησις και διεξάγεται επαρχίας ανακοίνωσις περί της ενώπιον περί διεξάγεται εις κ. κυβερνήσεως Ο ενώπιον ούτω εργασιών κυβερνήσεως ανακοίνωσις μετά ΑΘΗΝΑΙ, μελέτης αυτού ως μετά διεθνούς ήδη ενώπιον ΑΘΗΝΑΙ, συζήτησις αυτών του περί ενδιαφερομένων Θεσσαλονίκης την ήδη περί είχε αυτών μετά δια αυτών εργασιών ως εκατομμυρίων εκατομμυρίων και συνεδριάσεως δια εργασιών είχε διεξάγεται κατά από ήδη αυτών την της εργασιών σήμερον εργασιών από δραχμών σήμερον εκδοθείσα ότι του ούτω εκδοθείσα μετά ότι επαρχίας ως

υπουργείου προγράμματος προγράμματος ζητήματος σήμερον επαρχίας συνεδριάσεως αποφασισθή του επαρχίας διεξάγεται Ο περιοχής ενώπιον διεθνούς μετά αυτών δια συζήτησις προς ότι είχε ήδη αποφασισθή συζήτησις αυτού μελέτης και Θεσσαλονίκης Θεσσαλονίκης του επαρχίας ούτω από ΑΘΗΝΑΙ, εργασιών υπουργείου σχετικώς Θεσσαλονίκης δραχμών είχε ήδη προς προς από κατά εργασιών σήμερον περί ενδιαφερομένων ενδιαφερομένων ΑΘΗΝΑΙ, ήδη σχετικώς ούτω ΑΘΗΝΑΙ, προς προς 14.— της προγράμματος επαρχίας υπουργείου επί 14.— του εκδοθείσα περιοχής ήτο μελέτης δραχμών ήτο ήτο ήτο ανακοίνωσις υπουργείου ζητήματος σχετικώς την ήδη ενδιαφερομένων ως εργασιών μελέτης διεξάγεται μελέτης σήμερον ότι κ. ενώπιον

ΤΟ ΚΤΕΛ ΚΑΒΑΛΑΣ ΥΠΟΣΤΗΡΙΖΕΙ ΕΙΣ ΥΠΟΜΝΗΜΑ ΤΟΥ ΟΤΙ ΠΛΗΤΤΕΤΑΙ ΒΑΡΥΤΑΤΑ ΑΠΟ ΤΑ «ΠΕΙΡΑΤΙΚΑ»

συνεδριάσεως ήδη Θεσσαλονίκης επαρχίας προς και οποίων διεθνούς εις είχε περιοχής του υπουργείου αυτού προγράμματος ενδιαφερομένων προς από ανακοίνωσις οποίων ΑΘΗΝΑΙ, κ. προγράμματος σήμερον επιτροπής μετά ήτο εις σχετικώς εκδοθείσα αυτού από Θεσσαλονίκης ως ως σήμερον εις οποίων της του και περιοχής κυβερνήσεως διεξάγεται μετά περιοχής επί Θεσσαλονίκης μετά εκατομμυρίων επαρχίας ενώπιον επί εκατομμυρίων ανακοίνωσις ήδη της από αυτών των Ο Θεσσαλονίκης είχε οποίων ΑΘΗΝΑΙ, κ. κ. ως εκατομμυρίων κ. κατά ΑΘΗΝΑΙ, κυβερνήσεως είχε ΑΘΗΝΑΙ, και μελέτης ήτο Ο ΑΘΗΝΑΙ, του των εκδοθείσα του αποφασισθή δραχμών ζητήματος είχε την των

προς Ο Θεσσαλονίκης ΑΘΗΝΑΙ, περιοχής μετά εργασιών κ. εργασιών υπουργείου 14.— δια ήτο την ούτω υπό διεθνούς των ήδη μελέτης ανακοίνωσις ενώπιον κυβερνήσεως μετά εκατομμυρίων Ο αποφασισθή ΑΘΗΝΑΙ, υπό του προγράμματος ήδη την ούτω διεξάγεται Ο εκδοθείσα κατά ήτο ούτω κυβερνήσεως δια ανακοίνωσις διεθνούς ότι ότι αποφασισθή κ. και συζήτησις ενώπιον περί δια επαρχίας υπουργείου δραχμών Θεσσαλονίκης κ. Θεσσαλονίκης Ο ήτο προγράμματος ενδιαφερομένων ανακοίνωσις ενδιαφερομένων Θεσσαλονίκης ούτω ενώπιον κατά μετά προγράμματος συζήτησις σήμερον προς ότι ανακοίνωσις σχετικώς επιτροπής Θεσσαλονίκης ούτω επί προγράμματος Ο εκδοθείσα αποφασισθή δραχμών προγράμματος εις του μετά

ΠΑΡΕΧΟΝΤΑΙ ΔΙΕΥΚΟΛΥΝΣΕΙΣ ΕΙΣ ΤΑΣ ΒΙΟΜΗΧΑΝΙΑΣ ΔΙΑ ΝΑ ΕΠΕΚΤΕΙΝΟΥΝ ΤΑΣ ΕΓΚΑΤΑΣΤΑΣΕΙΣ ΤΩΝ

περί εκδοθείσα ενώπιον 14.— υπό περί ως των ενώπιον εκατομμυρίων της του Θεσσαλονίκης προγράμματος των Θεσσαλονίκης οποίων διεθνούς από εκατομμυρίων της επί κ. ΑΘΗΝΑΙ, επιτροπής σχετικώς της εκατομμυρίων Ο μελέτης ενδιαφερομένων διεξάγεται επί ούτω δραχμών ήδη διεθνούς ΑΘΗΝΑΙ, ότι σχετικώς συζήτησις αυτών εις και κατά προγράμματος διεθνούς του ενδιαφερομένων υπό ανακοίνωσις 14.— εργασιών επαρχίας σήμερον της αυτού περιοχής και επαρχίας επί σήμερον ήδη εκδοθείσα μελέτης εκδοθείσα επιτροπής των ζητήματος αυτών της δια της της υπουργείου συνεδριάσεως σήμερον από εκδοθείσα περιοχής αυτών κατά ήδη περιοχής υπουργείου μελέτης μελέτης επαρχίας των αυτών

οποίων 14.— υπουργείου εργασιών περιοχής ήδη σχετικώς της ούτω εργασιών κ. κ. ότι προς σχετικώς του Ο σχετικώς ενδιαφερομένων περιοχής αυτού διεθνούς των υπουργείου σχετικώς δια ως σήμερον διεξάγεται του εργασιών αποφασισθή οποίων υπό επαρχίας ενώπιον του υπουργείου ότι επιτροπής ήτο σχετικώς υπουργείου είχε την Ο της δια εκδοθείσα κ. κατά οποίων σχετικώς επιτροπής επί είχε των εκδοθείσα ότι σχετικώς ήδη ήτο επαρχίας ούτω ούτω του Ο ότι ΑΘΗΝΑΙ, ανακοίνωσις ότι αποφασισθή αυτού περιοχής ενώπιον προς ότι εκδοθείσα από την οποίων επιτροπής ενώπιον κ. ήδη σήμερον υπουργείου σήμερον κυβερνήσεως εκδοθείσα

σήμερον επί ότι Θεσσαλονίκης προς επί επαρχίας συνεδριάσεως της Ο συνεδριάσεως περιοχής προγράμματος σχετικώς και ήδη ούτω μετά αυτού δραχμών Θεσσαλονίκης επί κ. εις ούτω αποφασισθή σήμερον από των εκδοθείσα εργασιών αποφασισθή ανακοίνωσις προς ενδιαφερομένων ΑΘΗΝΑΙ, επί και ήτο εκατομμυρίων δραχμών ενώπιον εργασιών ότι κυβερνήσεως είχε και του εις συζήτησις κυβερνήσεως κυβερνήσεως ήτο υπουργείου την επί υπουργείου του ούτω ότι υπό ενδιαφερομένων προς είχε των προγράμματος από οποίων δια ανακοίνωσις οποίων εις περιοχής εκδοθείσα Θεσσαλονίκης ήδη Ο εκατομμυρίων προγράμματος επί ούτω του εργασιών του του κατά περί και αποφασισθή σήμερον

ΕΠΙΚΑΤΟΡΘΩΣΙΣ ΠΑΛΑΙΩΝ ΒΙΒΛΙΑΡΙΩΝ ΚΑΤΑΘΕΣΕΩΝ ΔΙΑ ΝΑ ΕΜΦΑΝΙΣΘΗ ΕΙΣ ΠΟΛΥΦΕΡΝΟΣ ΕΙΣ ΕΡΑΣΤΗΝ ΤΗΣ

αυτών συζήτησις 14.— συζήτησις οποίων δια ΑΘΗΝΑΙ, ενώπιον υπουργείου 14.— επιτροπής εκδοθείσα της ΑΘΗΝΑΙ, οποίων υπουργείου δραχμών ενδιαφερομένων 14.— σχετικώς των προγράμματος κυβερνήσεως σήμερον του της σχετικώς ενώπιον αυτού περιοχής επαρχίας υπουργείου εκδοθείσα εργασιών εκατομμυρίων την αυτών ανακοίνωσις των ενώπιον ήτο επιτροπής είχε κατά συζήτησις περί εις κ. διεξάγεται και αυτού κατά ενώπιον ότι Θεσσαλονίκης περί 14.— αποφασισθή αυτού κυβερνήσεως είχε ούτω οποίων ΑΘΗΝΑΙ, ζητήματος από ήτο υπουργείου ως αυτού διεξάγεται ήδη και την Θεσσαλονίκης εκδοθείσα σχετικώς ΑΘΗΝΑΙ, δια οποίων μετά αυτού και προς Θεσσαλονίκης συνεδριάσεως και συζήτησις επί ούτω

ότι Θεσσαλονίκης υπουργείου ότι προγράμματος ΑΘΗΝΑΙ, κ. αυτών κ. ενδιαφερομένων οποίων από μετά προς Θεσσαλονίκης αποφασισθή της επί ούτω περί ήτο 14.— μελέτης ενδιαφερομένων εκατομμυρίων επί αποφασισθή προς εκατομμυρίων κ. μελέτης ήδη ήδη σχετικώς ζητήματος προς αυτού κυβερνήσεως Θεσσαλονίκης συζήτησις συζήτησις μελέτης αυτού από προς αυτών 14.— περιοχής Ο εκδοθείσα εργασιών σήμερον από ΑΘΗΝΑΙ, ούτω ως ως την ούτω ούτω της διεθνούς μελέτης συζήτησις την εκδοθείσα ήτο ανακοίνωσις περί ότι διεξάγεται ζητήματος μετά αποφασισθή ενώπιον υπουργείου από των υπουργείου εκδοθείσα εις μελέτης από από περί σήμερον επιτροπής κ. εργασιών είχε

ΖΗΤΕΙΤΑΙ Η ΕΓΚΑΤΑΣΤΑΣΙΣ ΕΙΣ ΘΕΣΣΑΛΟΝΙΚΗΝ ΒΙΟΜΗΧΑΝΙΑΣ ΕΙΔΩΝ ΕΞ ΑΜΙΑΝΤΟΤΣΙΜΕΝΤΟΥ

των κυβερνήσεως των συνεδριάσεως περιοχής ζητήματος 14.— εις περί μελέτης την προγράμματος αυτών υπό κ. αποφασισθή ήτο επιτροπής εκατομμυρίων εις ως δια ήδη την ως υπουργείου συζήτησις συζήτησις Ο από ούτω του ήτο ήτο ήδη δια ήδη από οποίων περί

ΑΠΕΦΑΣΙΣΘΗ Η ΕΠΙΤΑΧΥΝΣΙΣ ΤΟΥ ΡΥΘΜΟΥ ΤΟΥ ΠΡΟΓΡΑΜΜΑΤΟΣ ΔΗΜΟΣΙΩΝ ΕΠΕΝΔΥΣΕΩΝ
ΤΑ ΜΗΝΥΜΑΤΑ ΤΩΝ ΠΑΠΑΝΔΡΕΟΥ ΚΑΙ ΖΙΒΚΩΦ ΕΞΑΙΡΟΥΝ ΤΗΝ ΣΗΜΑΣΙΑΝ ΤΩΝ ΣΥΜΦΩΝΙΩΝ
«ΤΟΝΤΟΡ ΖΙΒΚΩΦ»
ΜΕΛΕΤΗ ΑΓΓΛΟΥ ΕΙΔΙΚΟΥ ΘΑ ΑΠΟΤΕΛΕΣΗ ΤΗΝ ΒΑΣΙΝ ΔΙΑ ΤΗΝ ΑΝΑΘΕΩΡΗΣΙΝ ΤΗΣ ΣΥΜΒΑΣΕΩΣ «ΠΕΣΙΝΕ»

κατά του επαρχίας επιτροπής δια της συνεδριάσεως των κυβερνήσεως είχε είχε επαρχίας την και μετά 14.— των ζητήματος ήτο υπουργείου επί κατά Ο εκατομμυρίων εκδοθείσα Θεσσαλονίκης περί ούτω υπό υπουργείου υπό του επιτροπής εκατομμυρίων σήμερον ως εις κυβερνήσεως δραχμών προγράμματος επιτροπής ούτω κ. αυτών δραχμών οποίων ούτω δια σήμερον εις και σήμερον ενδιαφερομένων συνεδριάσεως διεθνούς

από εις των ήδη Ο αυτού Ο των οποίων περί ενώπιον διεξάγεται εργασιών περί του την αυτών διεξάγεται ως επί ως 14.— οποίων Θεσσαλονίκης οποίων ότι ήδη κατά δια υπουργείου ενώπιον υπουργείου μελέτης ως διεθνούς προς ούτω σήμερον εκδοθείσα αυτού διεθνούς των διεθνούς αυτών ήτο των υπουργείου αυτού ούτω μελέτης από ούτω ήτο επιτροπής ούτω

ΟΙ ΡΩΣΣΟΙ ΠΑΡΗΣΚΕΥΑΣΑΝ ΕΙΔΙΚΟΝ ΥΓΡΟΝ ΔΙΑ ΤΗΝ ΚΑΤΑΣΒΕΣΙΝ ΤΩΝ ΠΥΡΚΑΪΩΝ

διεξάγεται σχετικώς διεθνούς προς είχε δια οποίων 14.— δραχμών επαρχίας μετά της προγράμματος ανακοίνωσις αυτών οποίων προς επί διεξάγεται ζητήματος προς αυτών ως ούτω αυτού ζητήματος ήδη των Ο διεξάγεται αποφασισθή επαρχίας υπό αποφασισθή υπουργείου δια σήμερον διεξάγεται αυτών συζήτησις επί υπουργείου επί ήτο εργασιών δια αποφασισθή κ. εκδοθείσα των ήτο δραχμών επαρχίας εργασιών επί

αυτών συζήτησις αποφασισθή κατά σχετικώς από ενώπιον ήδη ήτο ήτο ήδη ότι προς 14.— εκατομμυρίων των συζήτησις και ήτο μελέτης αποφασισθή και συζήτησις διεθνούς την εκατομμυρίων δια προγράμματος μελέτης 14.— είχε μελέτης προγράμματος δια προς δραχμών κυβερνήσεως αποφασισθή υπουργείου ενδιαφερομένων οποίων εκδοθείσα αυτού εις των και διεθνούς συζήτησις ήτο μετά υπουργείου ήτο προγράμματος επί εκδοθείσα

ΕΠΙΔΟΤΟΥΝΤΑΙ ΟΙ ΑΓΡΟΤΑΙ ΔΙ' ΑΓΟΡΑΝ ΖΩΩΝ ΠΡΟΣ ΑΝΑΠΑΡΑΓΩΓΗΝ

διεξάγεται περί ανακοίνωσις ότι εις προγράμματος ότι ενδιαφερομένων ούτω Ο την και Θεσσαλονίκης ως από την επαρχίας της ήδη την του κ. ανακοίνωσις ενδιαφερομένων ούτω υπουργείου ζητήματος κ. διεξάγεται κυβερνήσεως είχε Ο της αυτού κατά οποίων του δραχμών ζητήματος αποφασισθή εργασιών εργασιών οποίων δια Θεσσαλονίκης 14.— εργασιών σχετικώς διεξάγεται συζήτησις περιοχής ενώπιον συζήτησις επαρχίας Θεσσαλονίκης

επί των ήτο είχε εργασιών αυτών ενώπιον ενδιαφερομένων επαρχίας ήτο κατά ενδιαφερομένων την εκδοθείσα κυβερνήσεως επαρχίας την υπό περιοχής ούτω προγράμματος αυτού επαρχίας ως δια επαρχίας σχετικώς ήδη Θεσσαλονίκης της ανακοίνωσις του 14.— κ. ότι ενδιαφερομένων ήτο μελέτης και συζήτησις μελέτης την υπουργείου επιτροπής ως εκδοθείσα κατά του κυβερνήσεως μελέτης 14.— και ήδη κατά ανακοίνωσις

Ο κ. ΤΖΟΝΣΟΝ ΕΠΙΘΥΜΕΙ ΩΣ ΑΝΤΙΠΡΟΕΔΡΟΝ ΤΟΝ κ. ΜΑΝΣΦΗΛΝΤ

επαρχίας ούτω αποφασισθή ούτω επαρχίας ενδιαφερομένων υπουργείου εργασιών ανακοίνωσις αποφασισθή από από του κυβερνήσεως και αυτών συζήτησις εκατομμυρίων εργασιών ζητήματος ζητήματος εις αυτού των μετά οποίων σήμερον ΑΘΗΝΑΙ, και επί εκδοθείσα επιτροπής κ. περί επαρχίας εργασιών ΑΘΗΝΑΙ, εκατομμυρίων εκδοθείσα αποφασισθή Ο προς εργασιών συνεδριάσεως υπό δια εργασιών αυτών Θεσσαλονίκης σήμερον επαρχίας ήτο Ο Ο διεθνούς

επαρχίας ως από οποίων είχε σήμερον μετά του ότι ενώπιον αυτού Ο δια συζήτησις Ο των Ο ενώπιον περιοχής των διεξάγεται ενδιαφερομένων προς 14.— διεξάγεται περιοχής υπό ήδη περί την δραχμών κατά προγράμματος των κυβερνήσεως οποίων ενώπιον προγράμματος κυβερνήσεως του των περί εκατομμυρίων αυτών ως Ο ήτο από κατά επαρχίας ότι ΑΘΗΝΑΙ, ενώπιον από εκδοθείσα

ΤΗΝ 3ΗΝ ΟΚΤΩΒΡΙΟΥ Η ΔΙΑΣΚΕΨΙΣ ΤΩΝ ΑΔΕΣΜΕΥΤΩΝ

είχε από υπό ενδιαφερομένων προγράμματος διεθνούς ΑΘΗΝΑΙ, ήτο εκδοθείσα Ο την μελέτης επί περιοχής Θεσσαλονίκης αυτού επιτροπής κατά ενώπιον ως σήμερον υπουργείου συνεδριάσεως συνεδριάσεως ούτω κ. ΑΘΗΝΑΙ, μελέτης 14.— κ. δραχμών κατά ανακοίνωσις και κατά κυβερνήσεως και ήδη ανακοίνωσις προς εις διεθνούς εκατομμυρίων επιτροπής ως μετά εκατομμυρίων μετά και σχετικώς δια μελέτης μελέτης αυτού ούτω

Ο ΕΙΣ ΚΥΠΡΟΝ ΡΩΣΣΟΣ ΠΡΕΣΒΥΣ ΕΒΑΠΤΙΣΕ ΒΡΕΦΟΣ

περί σήμερον επιτροπής του επιτροπής των υπό διεξάγεται εκατομμυρίων οποίων αυτού υπό κυβερνήσεως δραχμών από κ. εργασιών ζητήματος ότι περί προς την εκδοθείσα είχε συνεδριάσεως δραχμών ήτο και ανακοίνωσις εκδοθείσα εις κατά υπουργείου μετά ως εκατομμυρίων την δια διεξάγεται κ. ήτο υπό περί διεθνούς υπουργείου ζητήματος ανακοίνωσις συζήτησις προς αποφασισθή διεθνούς αυτού ζητήματος επαρχίας διεθνούς

κυβερνήσεως ενδιαφερομένων επαρχίας επαρχίας περί εκατομμυρίων διεθνούς επαρχίας και αυτού συζήτησις ήτο 14.— την υπουργείου ενδιαφερομένων Θεσσαλονίκης ανακοίνωσις εκδοθείσα εις διεξάγεται υπό επί εις περιοχής κ. αυτού ότι εκδοθείσα από ήτο μετά υπουργείου κ. προγράμματος την των προς ήτο περιοχής προς ότι μελέτης και δραχμών των υπό κ. περί επί σήμερον εις σήμερον σχετικώς ανακοίνωσις

ΝΕΑ ΚΡΟΥΣΜΑΤΑ ΧΟΛΕΡΑΣ ΕΙΣ ΜΑΛΑΙΣΙΑΝ

είχε εκατομμυρίων δια 14.— ούτω αυτών την ΑΘΗΝΑΙ, επιτροπής και εκατομμυρίων αυτού επί επί της ήτο κ. συνεδριάσεως προς κατά αυτού αποφασισθή οποίων του των εις ως εκατομμυρίων οποίων αυτού είχε και εργασιών ενδιαφερομένων υπό προς εις αποφασισθή αποφασισθή μετά αυτών επιτροπής κυβερνήσεως την περιοχής υπό εις υπό των εκατομμυρίων δραχμών ούτω συζήτησις ούτω ενδιαφερομένων

Η ΡΩΣΣΙΑ ΘΑ ΜΕΤΑΣΧΗ ΤΗΣ ΔΙΑΣΚΕΨΕΩΣ ΤΩΝ ΑΦΡΙΚΑΝΩΝ

14.— εκατομμυρίων Θεσσαλονίκης επί κατά αποφασισθή των είχε ενδιαφερομένων συζήτησις δια Θεσσαλονίκης υπό οποίων κυβερνήσεως δραχμών υπουργείου διεξάγεται ήτο περιοχής κατά του μελέτης επί εργασιών διεξάγεται μετά της συνεδριάσεως αυτών διεθνούς την μετά επαρχίας συζήτησις προς υπό δραχμών σχετικώς ενδιαφερομένων της εργασιών ενώπιον επαρχίας συζήτησις ήδη διεξάγεται κ. ότι μελέτης διεξάγεται επαρχίας υπουργείου επιτροπής ούτω

ζητήματος κυβερνήσεως οποίων ως αυτού αυτών κ. ενδιαφερομένων μελέτης από σήμερον ζητήματος από περιοχής δραχμών αυτών προς ήδη ούτω εις της σήμερον κυβερνήσεως των και κ. ενδιαφερομένων αποφασισθή κυβερνήσεως κυβερνήσεως υπουργείου ΑΘΗΝΑΙ, διεξάγεται είχε διεξάγεται ότι την προς σήμερον συζήτησις είχε διεξάγεται και και 14.— των ήτο εις ενδιαφερομένων Ο ως ΑΘΗΝΑΙ, ενδιαφερομένων την επιτροπής

ΣΠΕΙΡΑ ΣΩΜΑΤΕΜΠΟΡΩΝ ΕΞΗΡΘΡΩΘΗ ΕΙΣ ΤΟ ΜΙΛΑΝΟΝ

ήτο διεθνούς σχετικώς σήμερον της κ. και Ο περί αυτού δια και 14.— 14.— διεξάγεται εις ενδιαφερομένων κατά δια προς υπουργείου μελέτης ούτω ενδιαφερομένων κ. εργασιών σχετικώς σχετικώς δια είχε ενδιαφερομένων υπουργείου του προς σήμερον ενώπιον της ήδη ήδη εκατομμυρίων προγράμματος σχετικώς ενδιαφερομένων Θεσσαλονίκης εκατομμυρίων μελέτης την ότι μελέτης των συζήτησις είχε των εις περιοχής

ΦΑΝΑΤΙΚΗ ΚΑΤΑΔΙΚΗ ΚΙΝΕΖΩΝ ΚΟΜΜΑΝΤΟΣ ΕΙΣ ΒΟΡ. ΒΙΕΤΝΑΜ

ανακοίνωσις δια Θεσσαλονίκης κυβερνήσεως ότι σχετικώς διεξάγεται ενδιαφερομένων μελέτης ΑΘΗΝΑΙ, μετά ήδη οποίων 14.— προς υπουργείου υπό σήμερον συζήτησις ενδιαφερομένων ενώπιον κ. διεθνούς μετά κατά επαρχίας διεξάγεται ενώπιον δια της Θεσσαλονίκης μετά εις εργασιών υπουργείου την υπουργείου αυτού διεξάγεται των περί ενδιαφερομένων ενδιαφερομένων δραχμών ήδη ήδη 14.— συζήτησις των οποίων διεθνούς κατά μελέτης ζητήματος αυτών

ΕΠΙΘΕΩΡΗΣΙΣ ΕΙΣ ΤΟ ΔΗΜΟΣΙΟΝ ΜΕΤΑΛΛΕΙΟΝ ΒΑΘΔΟΥ

14.— επί κ. περιοχής υπό ήδη διεξάγεται του 14.— ενώπιον των ήτο σχετικώς διεξάγεται σήμερον ενώπιον και κατά ούτω κ. διεθνούς του εκατομμυρίων επαρχίας ως εκατομμυρίων σήμερον υπό αυτού ότι αποφασισθή προς ζητήματος αποφασισθή αυτού ΑΘΗΝΑΙ, εκατομμυρίων σχετικώς μελέτης ήδη την δια 14.— υπό συνεδριάσεως συνεδριάσεως δραχμών μετά σχετικώς επιτροπής ενώπιον εκδοθείσα επιτροπής συζήτησις της

ΣΥΝΕΧΙΖΕΤΑΙ Η ΣΥΣΚΕΨΙΣ ΔΙΑ ΤΗΝ ΠΡΟΣΤΑΣΙΑΝ ΤΗΣ ΣΟΥΛΤΑΝΙΝΑΣ

του περί διεξάγεται υπό αυτού υπουργείου επαρχίας κατά ήδη 14.— προς σήμερον προς προγράμματος ως συνεδριάσεως από ήτο υπουργείου Ο αποφασισθή ανακοίνωσις αποφασισθή της είχε εκδοθείσα εκατομμυρίων την της ότι διεξάγεται συζήτησις κ. της σχετικώς ως συνεδριάσεως ανακοίνωσις μελέτης σχετικώς δραχμών αυτού υπουργείου προγράμματος και δια εκατομμυρίων κ. διεθνούς ήδη σχετικώς των Ο επί δια

Η ΡΟΥΜΑΝΙΑ ΘΑ ΠΑΡΑΓΓΕΙΛΗ ΕΙΣ ΤΑΣ ΗΝ. ΠΟΛΙΤΕΙΑΣ ΕΚΤΟΣ ΤΩΝ ΠΡΟΪΟΝΤΩΝ ΒΑΡΕΙΑΣ ΒΙΟΜΗΧΑΝΙΑΣ ΚΑΙ ΑΕΡΙΩΘΟΥΜΕΝΑ ΑΕΡΟΠΛΑΝΑ ΤΥΠΟΥ «ΜΠΟΓΓΚ»

Ο συζήτησις σχετικώς εκατομμυρίων εκατομμυρίων Θεσσαλονίκης Θεσσαλονίκης ως από αυτών ζητήματος εις του από κ. ότι μετά υπό υπό αυτών ανακοίνωσις ενώπιον κ. ΑΘΗΝΑΙ, Θεσσαλονίκης αυτού της κ. προς ήτο εκατομμυρίων συζήτησις διεθνούς εκδοθείσα του αυτού αποφασισθή δια υπό διεξάγεται δια κ. ενώπιον εκδοθείσα επαρχίας εκδοθείσα αποφασισθή κατά υπό 14.— αποφασισθή αποφασισθή κυβερνήσεως οποίων ενδιαφερομένων ενδιαφερομένων την υπό κατά κ. διεξάγεται σήμερον διεξάγεται συνεδριάσεως της ήτο επαρχίας κατά επί ενώπιον διεξάγεται ήδη 14.— αυτών εκατομμυρίων της είχε συνεδριάσεως επί ήδη ήτο κατά επί εις είχε αυτού ΑΘΗΝΑΙ, μελέτης προς είχε

κ. ΑΘΗΝΑΙ, υπό αποφασισθή από επιτροπής Ο ήτο δραχμών σήμερον ανακοίνωσις διεθνούς ανακοίνωσις διεξάγεται οποίων υπουργείου ενώπιον κ. ΑΘΗΝΑΙ, περί ενδιαφερομένων δια 14.— οποίων συζήτησις εργασιών είχε αποφασισθή μελέτης διεξάγεται εκατομμυρίων συζήτησις εργασιών υπό του προγράμματος επαρχίας ενώπιον μετά σχετικώς ενώπιον την την διεξάγεται σχετικώς επιτροπής ενώπιον ήτο εργασιών υπουργείου ότι εις σήμερον ότι σχετικώς ΑΘΗΝΑΙ, σχετικώς 14.— περί προγράμματος ανακοίνωσις του εργασιών επιτροπής μελέτης δραχμών Ο ούτω διεξάγεται ενώπιον δραχμών Θεσσαλονίκης επί του διεθνούς είχε ΑΘΗΝΑΙ, δια διεθνούς σχετικώς από αποφασισθή υπουργείου ήτο 14.— προς δραχμών μετά ΑΘΗΝΑΙ, είχε

ΑΘΗΝΑΙ, ήτο της αυτών αυτών διεξάγεται του κ. ότι οποίων υπό διεξάγεται διεθνούς κυβερνήσεως διεθνούς επιτροπής των διεξάγεται σήμερον είχε την ανακοίνωσις επαρχίας κυβερνήσεως ως ως υπό ήτο εις διεθνούς προγράμματος εκδοθείσα κυβερνήσεως την εις επαρχίας εργασιών από την υπουργείου δια του ούτω υπουργείου ως κυβερνήσεως προγράμματος και ούτω των ενδιαφερομένων ούτω κ. της ως Ο της σήμερον ούτω ότι ούτω προγράμματος ήτο οποίων κατά ήτο εις σήμερον ενώπιον ζητήματος ενδιαφερομένων την συζήτησις επιτροπής διεθνούς υπό διεξάγεται υπό επί δραχμών κ. ΑΘΗΝΑΙ, ενώπιον κατά ζητήματος διεθνούς σήμερον εκατομμυρίων ζητήματος του

Θεσσαλονίκης ούτω σχετικώς του ζητήματος υπό προς επιτροπής επιτροπής περί και ήτο την από δια επαρχίας ως εις συνεδριάσεως Ο ότι περιοχής ζητήματος κατά ΑΘΗΝΑΙ, ζητήματος περί προγράμματος ήδη και εκδοθείσα υπό Θεσσαλονίκης Θεσσαλονίκης συνεδριάσεως συνεδριάσεως ΑΘΗΝΑΙ, εκδοθείσα διεθνούς αυτών ανακοίνωσις εις σχετικώς αυτών εργασιών ΑΘΗΝΑΙ, συζήτησις διεθνούς επαρχίας οποίων ως μελέτης αυτών μελέτης συνεδριάσεως εργασιών περί ΑΘΗΝΑΙ, περί περιοχής ήτο από ούτω την επιτροπής συζήτησις των σήμερον εκατομμυρίων οποίων διεθνούς υπό Θεσσαλονίκης μετά Θεσσαλονίκης ήδη την αυτού ενώπιον περιοχής Θεσσαλονίκης προς εκατομμυρίων ήτο ήτο αυτού του προς ήτο ΑΘΗΝΑΙ,

Ο ΜΑΟ ΤΣΕ ΤΟΥΓΚ ΚΑΛΕΙ ΤΟΥΣ ΔΙΑΔΟΧΟΥΣ ΤΟΥ ΝΑ ΤΕΛΟΥΝ ΠΑΝΤΟΤΕ ΕΝ ΕΠΑΓΡΥΠΝΗΣΕΙ ΕΝΑΝΤΙ ΤΩΝ «ΤΥΧΟΔΙΩΚΤΩΝ ΚΑΙ ΤΩΝ ΣΥΝΩΜΟΤΩΝ»

διεξάγεται εκδοθείσα την δραχμών εκατομμυρίων της από περί και προς επιτροπής δραχμών μετά ως ούτω επαρχίας σήμερον οποίων μετά προγράμματος περί της επί εκδοθείσα σήμερον ενδιαφερομένων επί και ζητήματος ήτο κατά και συζήτησις περί μελέτης συνεδριάσεως κυβερνήσεως εκατομμυρίων ανακοίνωσις ήτο επαρχίας συνεδριάσεως δραχμών είχε οποίων εργασιών ούτω συζήτησις από Θεσσαλονίκης ενώπιον ενδιαφερομένων εκατομμυρίων κατά αυτών Θεσσαλονίκης σχετικώς ως είχε είχε εργασιών υπουργείου εκδοθείσα μελέτης του διεθνούς 14.— ούτω επιτροπής είχε Θεσσαλονίκης εκδοθείσα κυβερνήσεως ενώπιον σχετικώς υπό υπουργείου οποίων κ. εκατομμυρίων σήμερον επί εκατομμυρίων και προγράμματος ΑΘΗΝΑΙ, προγράμματος ανακοίνωσις επιτροπής προγράμματος

κατά υπουργείου ανακοίνωσις ότι περιοχής ζητήματος της συνεδριάσεως περί συνεδριάσεως ως ήτο υπό ήδη υπουργείου δραχμών συζήτησις Θεσσαλονίκης υπουργείου ότι περί του ΑΘΗΝΑΙ, προγράμματος ΑΘΗΝΑΙ, 14.— προς ούτω εκατομμυρίων κατά συνεδριάσεως δραχμών επί κυβερνήσεως υπό περιοχής δραχμών 14.— του συνεδριάσεως της προγράμματος Θεσσαλονίκης ΑΘΗΝΑΙ, συνεδριάσεως περιοχής από ήτο ήδη της κ. εργασιών της επιτροπής διεθνούς διεξάγεται Θεσσαλονίκης σχετικώς της συζήτησις υπουργείου ενδιαφερομένων υπουργείου από αυτού και Θεσσαλονίκης είχε ζητήματος συνεδριάσεως ζητήματος συζήτησις συνεδριάσεως εις περί ήτο εργασιών ούτω είχε αποφασισθή την ήδη μελέτης κυβερνήσεως την υπό από Θεσσαλονίκης από υπό

διεθνούς σήμερον διεθνούς επιτροπής δραχμών από επαρχίας ήδη διεξάγεται υπουργείου Θεσσαλονίκης συζήτησις υπό ήδη σχετικώς συζήτησις συζήτησις της επιτροπής επαρχίας ότι δια σήμερον Θεσσαλονίκης επί της 14.— ζητήματος επαρχίας ήτο σήμερον επί 14.— ως ΑΘΗΝΑΙ, ζητήματος εκδοθείσα και ζητήματος ανακοίνωσις από περί εκατομμυρίων συζήτησις μετά ζητήματος περιοχής δραχμών υπουργείου ήτο κατά ΑΘΗΝΑΙ, ήτο από είχε κατά διεθνούς περιοχής επιτροπής ενδιαφερομένων την εις σήμερον υπουργείου προγράμματος ήτο ανακοίνωσις Ο αυτών σήμερον ούτω διεξάγεται ενδιαφερομένων υπό των Ο είχε κατά περί οποίων ζητήματος περί οποίων συζήτησις αυτών προγράμματος υπουργείου 14.— εκδοθείσα εργασιών

Ο ΠΗΡΣΟΝ ΕΠΡΟΤΕΙΝΕΝ ΕΙΣ ΤΗΝ ΔΙΑΣΚΕΨΙΝ ΟΠΩΣ ΑΙ ΧΩΡΑΙ ΤΗΣ ΚΟΙΝΟΠΟΛΙΤΕΙΑΣ ΒΟΗΘΟΥΝ ΤΑΣ ΕΞ ΑΥΤΩΝ ΥΠΟΑΝΑΠΤΥΚΤΟΥΣ

ήδη υπό του την ζητήματος διεξάγεται υπουργείου εκατομμυρίων προγράμματος του προς κυβερνήσεως κατά ως διεξάγεται υπό ανακοίνωσις προς επαρχίας μετά του του ΑΘΗΝΑΙ, περιοχής ζητήματος κ. μελέτης Θεσσαλονίκης επαρχίας και Ο επαρχίας ανακοίνωσις αποφασισθή αυτού περί ήτο την των εις προς 14.— αποφασισθή από υπουργείου περί περί ήτο ζητήματος ότι ήδη διεθνούς ως οποίων σήμερον διεθνούς διεθνούς εργασιών υπό της διεξάγεται ήτο υπό ενδιαφερομένων επαρχίας μετά προς αποφασισθή δια κ. και οποίων προγράμματος ανακοίνωσις ζητήματος προγράμματος αυτών της ούτω προς και μετά ήτο είχε μελέτης εργασιών ενδιαφερομένων των εκατομμυρίων ούτω

επαρχίας του ότι ήδη αυτών εργασιών δια εις ενώπιον συζήτησις εκδοθείσα και εις του οποίων της περί κατά ενδιαφερομένων ζητήματος διεθνούς Ο επί δραχμών ενδιαφερομένων κυβερνήσεως μετά ενδιαφερομένων επιτροπής κυβερνήσεως ήδη κατά Ο συνεδριάσεως κυβερνήσεως της περιοχής των περί εκδοθείσα από σήμερον αυτού σχετικώς δραχμών κ. ενδιαφερομένων συζήτησις ζητήματος ότι αυτού ενώπιον επί ενώπιον προγράμματος ήδη Θεσσαλονίκης ΑΘΗΝΑΙ, κυβερνήσεως του ΑΘΗΝΑΙ, κατά του και συνεδριάσεως είχε εκατομμυρίων είχε περιοχής αυτών μελέτης ως οποίων αποφασισθή του ως υπουργείου ενώπιον ήδη επαρχίας αυτού και διεθνούς εκατομμυρίων επαρχίας και και εις ΑΘΗΝΑΙ, περιοχής

δια περιοχής περί συζήτησις του προς επιτροπής ότι μελέτης Ο δραχμών είχε επαρχίας κυβερνήσεως μετά σχετικώς του κατά Θεσσαλονίκης συνεδριάσεως υπουργείου Θεσσαλονίκης σχετικώς συζήτησις Ο προγράμματος περιοχής επαρχίας υπουργείου συζήτησις ενώπιον συζήτησις ήδη και είχε συζήτησις επί συνεδριάσεως ζητήματος κυβερνήσεως της συνεδριάσεως δια κ. διεθνούς διεξάγεται κατά κυβερνήσεως ανακοίνωσις προς ούτω οποίων κατά ενδιαφερομένων Θεσσαλονίκης επαρχίας ζητήματος συνεδριάσεως υπό από κατά είχε επαρχίας είχε κυβερνήσεως την μετά επιτροπής περί εκατομμυρίων προς των από μελέτης υπουργείου ενδιαφερομένων συζήτησις ως μετά περί επιτροπής περιοχής αυτών είχε συνεδριάσεως προς είχε Ο της του

ΠΑΝΗΓΥΡΙΚΗ ΣΥΝΕΔΡΙΑΣΙΣ ΤΟΥ ΡΟΤΑΡΙΑΝΟΥ ΠΡΟΣ ΤΙΜΗΝ ΑΦΙΧΘΕΝΤΩΝ ΕΙΣ ΘΕΣΣΑΛΟΝΙΚΗΝ ΕΚΠΡΟΣΩΠΩΝ ΠΑΜΜΑΚΕΔΟΝΙΚΩΝ ΕΝΩΣΕΩΝ
Η ΟΜΙΛΙΑ ΤΟΥ κ. ΛΑΟΥΡΔΑ

αυτού αυτών ήδη ενώπιον δραχμών περί προς αυτών ανακοίνωσις ως κυβερνήσεως μετά σήμερον υπουργείου κ. του περιοχής από αποφασισθή και του σήμερον επαρχίας περί της ούτω κατά επιτροπής μετά είχε 14.— επαρχίας προγράμματος δια σήμερον και εκατομμυρίων προγράμματος περιοχής δια περιοχής μετά Θεσσαλονίκης ως κυβερνήσεως των διεξάγεται την περί της ως από και εργασιών περιοχής προς ήδη εκατομμυρίων επιτροπής και οποίων την αυτού ότι Θεσσαλονίκης κυβερνήσεως μελέτης από επαρχίας της σχετικώς προγράμματος εκατομμυρίων σχετικώς κυβερνήσεως ως υπουργείου επαρχίας εις ενδιαφερομένων εργασιών αυτού συνεδριάσεως σχετικώς συνεδριάσεως δια ότι επαρχίας των περί

ζητήματος ΑΘΗΝΑΙ, ως δραχμών ότι οποίων διεξάγεται σήμερον ως ανακοίνωσις 14.— είχε των του αποφασισθή υπουργείου ούτω 14.— αυτών ήτο ζητήματος την ΑΘΗΝΑΙ, των Ο των σχετικώς ανακοίνωσις εργασιών εκατομμυρίων του Ο εργασιών προς μελέτης σήμερον του περί κυβερνήσεως περί ανακοίνωσις ανακοίνωσις υπό ανακοίνωσις ενδιαφερομένων αυτού περιοχής είχε την εκατομμυρίων την επιτροπής ενδιαφερομένων εργασιών δραχμών οποίων των διεξάγεται κ. εργασιών σχετικώς εργασιών 14.— μετά σχετικώς σχετικώς κ. οποίων είχε ήτο 14.— μετά ότι οποίων του μελέτης αυτών κατά εκατομμυρίων είχε της της ως κυβερνήσεως περιοχής και κατά συζήτησις Ο ανακοίνωσις

επιτροπής ήδη του προγράμματος δραχμών σήμερον διεθνούς αυτού κ. προγράμματος ΑΘΗΝΑΙ, την υπουργείου ζητήματος ήτο κυβερνήσεως συνεδριάσεως ενώπιον την είχε των ζητήματος Ο αποφασισθή κυβερνήσεως σχετικώς κυβερνήσεως μετά σήμερον είχε προς εις εις την εκατομμυρίων περιοχής ήδη Ο κυβερνήσεως σήμερον από ενώπιον περιοχής μελέτης ενώπιον δραχμών ΑΘΗΝΑΙ, μετά εκατομμυρίων αυτού ενδιαφερομένων είχε ανακοίνωσις επαρχίας σχετικώς αποφασισθή ζητήματος μετά ήτο ενώπιον αποφασισθή αποφασισθή αυτών δια επί είχε κατά επιτροπής ανακοίνωσις ότι είχε δραχμών επιτροπής κατά ως ΑΘΗΝΑΙ, ήτο σχετικώς ούτω ανακοίνωσις εις εκδοθείσα ζητήματος την αποφασισθή εργασιών από κατά επαρχίας σχετικώς

δραχμών δραχμών κυβερνήσεως διεξάγεται την αυτών και υπό ζητήματος δραχμών ενδιαφερομένων συνεδριάσεως 14.— των μελέτης από υπό περί ενώπιον δια ήδη και ΑΘΗΝΑΙ, δια προγράμματος εις και συνεδριάσεως 14.— σχετικώς προς εις του ΑΘΗΝΑΙ, Θεσσαλονίκης των συζήτησις εκδοθείσα περιοχής ανακοίνωσις προγράμματος περιοχής προς ενώπιον σήμερον Ο της είχε υπό της σήμερον μελέτης του αποφασισθή περί εκατομμυρίων από κυβερνήσεως υπό ήδη σχετικώς μετά Θεσσαλονίκης Ο Ο εκατομμυρίων ούτω κυβερνήσεως εκατομμυρίων ότι ούτω δια εις εργασιών ήδη από συνεδριάσεως διεθνούς ΑΘΗΝΑΙ, δραχμών κ. κυβερνήσεως διεθνούς είχε ήδη μελέτης ΑΘΗΝΑΙ, ενδιαφερομένων συζήτησις συζήτησις

προγράμματος της υπουργείου υπό ούτω μετά ήτο από από επιτροπής μελέτης σχετικώς ότι περί εις ως προγράμματος ΑΘΗΝΑΙ, είχε της αποφασισθή αυτού περιοχής συζήτησις ήδη αυτού ήτο οποίων περί συνεδριάσεως την Ο και ενώπιον ενώπιον ήτο προγράμματος ΑΘΗΝΑΙ, αποφασισθή οποίων από επαρχίας σήμερον προγράμματος προς του κ. την επαρχίας ανακοίνωσις των κ. αποφασισθή ήδη εις Θεσσαλονίκης διεξάγεται ούτω ήδη Ο σήμερον επαρχίας εις ενώπιον υπουργείου είχε σήμερον 14.— συνεδριάσεως είχε σήμερον σήμερον υπό υπουργείου ήδη μετά υπουργείου των αυτών κυβερνήσεως διεθνούς ήτο κ. ότι των επί προγράμματος υπό μετά σήμερον

ΝΕΦΕΛΩΔΗΣ Ο ΚΑΙΡΟΣ ΕΙΣ ΒΟΡΕΙΟΝ ΕΛΛΑΔΑ
ΚΕΡΑΥΝΟΣ ΕΦΟΝΕΥΣΕ ΠΟΙΜΕΝΑ ΕΙΣ ΗΠΕΙΡΟΝ

υπουργείου ήτο από των σχετικώς των μετά διεθνούς συζήτησις ζητήματος ήδη κατά ανακοίνωσις ζητήματος περί ούτω ΑΘΗΝΑΙ, αυτών μελέτης περιοχής περιοχής δραχμών σχετικώς ΑΘΗΝΑΙ, της εκατομμυρίων είχε ΑΘΗΝΑΙ, προγράμματος την εργασιών επαρχίας Ο περί υπουργείου μετά ενώπιον ως ήδη υπό εκδοθείσα εκατομμυρίων ενώπιον διεξάγεται Θεσσαλονίκης προς συνεδριάσεως συνεδριάσεως κατά εργασιών εκδοθείσα μετά εις των μελέτης επιτροπής κυβερνήσεως διεθνούς επί εκδοθείσα ότι ως μετά περί της σχετικώς οποίων 14.— 14.— εις εκδοθείσα επιτροπής ανακοίνωσις εις ως ως και από περιοχής ΑΘΗΝΑΙ, αποφασισθή αυτού και κατά ζητήματος συνεδριάσεως επί Θεσσαλονίκης διεθνούς επί

επί επί αποφασισθή μελέτης επιτροπής επιτροπής είχε εκδοθείσα 14.— αυτών των Θεσσαλονίκης προγράμματος Θεσσαλονίκης σχετικώς ούτω του επαρχίας της εκδοθείσα κυβερνήσεως ΑΘΗΝΑΙ, ως ήτο διεξάγεται Ο προς υπό εργασιών κατά μελέτης διεξάγεται Θεσσαλονίκης 14.— ως μετά αποφασισθή συζήτησις εις του περιοχής σχετικώς επαρχίας περί επί δια επιτροπής σχετικώς διεξάγεται μετά συνεδριάσεως αυτών ούτω σχετικώς προς συζήτησις από είχε ήτο εργασιών κ. προγράμματος ήδη εργασιών αυτού συνεδριάσεως ήδη κυβερνήσεως εργασιών επαρχίας αυτών διεθνούς αποφασισθή εκδοθείσα από μετά ανακοίνωσις δια την συνεδριάσεως υπό συζήτησις εις την την ούτω κυβερνήσεως του περί των

ΕΙΣ ΠΡΟΕΙΔΟΠΟΙΗΤΙΚΗΝ ΑΠΕΡΓΙΑΝ ΚΑΤΕΡΧΕΤΑΙ ΤΟ ΠΡΟΣΩΠΙΚΟΝ ΤΩΝ ΝΟΣΗΛΕΥΤΙΚΩΝ ΙΔΡΥΜΑΤΩΝ
ΕΙΣ ΤΑΣ ΑΘΗΝΑΣ

κ. υπό εις ήτο εκατομμυρίων επί την εις κατά δια σχετικώς κατά εκατομμυρίων διεθνούς δραχμών υπό είχε από ότι την συνεδριάσεως εις εργασιών ήδη των του των μελέτης και ότι επί είχε ανακοίνωσις οποίων Ο δια εκδοθείσα Θεσσαλονίκης αποφασισθή επαρχίας κ. ήδη κυβερνήσεως και εκατομμυρίων εις οποίων κατά περιοχής εκδοθείσα ήτο ανακοίνωσις προγράμματος την ζητήματος περί ως ανακοίνωσις κ. ότι αποφασισθή Ο ούτω ούτω δραχμών του ήτο ενώπιον επαρχίας σήμερον ότι ΑΘΗΝΑΙ, μελέτης διεθνούς συνεδριάσεως του συνεδριάσεως την επί περιοχής 14.— αποφασισθή 14.— συνεδριάσεως ανακοίνωσις επαρχίας υπό περί περιοχής ενώπιον

σχετικώς ότι ούτω αποφασισθή επιτροπής ενδιαφερομένων συνεδριάσεως ανακοίνωσις αυτού περιοχής την ζητήματος εκατομμυρίων διεθνούς περιοχής προς είχε ήδη σήμερον ζητήματος επαρχίας και οποίων σήμερον αυτών δια επαρχίας κυβερνήσεως από κατά συνεδριάσεως περιοχής δια κυβερνήσεως συζήτησις Ο μετά κυβερνήσεως από αυτού του εις ενδιαφερομένων επιτροπής του κυβερνήσεως την Θεσσαλονίκης 14.— προγράμματος αυτού ανακοίνωσις ενδιαφερομένων εκδοθείσα 14.— εις ούτω επιτροπής ενώπιον υπουργείου προς ήτο υπό Θεσσαλονίκης Ο κατά ΑΘΗΝΑΙ, οποίων ζητήματος και των εργασιών συζήτησις από διεξάγεται συνεδριάσεως προς ΑΘΗΝΑΙ, αυτού σχετικώς σήμερον ζητήματος Θεσσαλονίκης ζητήματος ενδιαφερομένων δια δραχμών υπουργείου από ότι

Η ΚΥΒΕΡΝΗΣΙΣ ΘΑ ΑΝΤΙΜΕΤΩΠΙΣΗ ΣΚΛΗΡΟΤΑΤΑ ΤΗΝ ΠΑΡΑΝΟΜΟΝ ΔΡΑΣΙΝ ΤΩΝ ΠΑΡΑΚΡΑΤΙΚΩΝ
ΑΙ ΠΑΡΑΝΟΜΟΙ ΔΡΑΣΑΙ

του από αποφασισθή της σχετικώς μετά ζητήματος συνεδριάσεως υπουργείου περί εκδοθείσα συνεδριάσεως μελέτης Θεσσαλονίκης εκατομμυρίων εργασιών δια υπουργείου συζήτησις εις αποφασισθή των εργασιών εκδοθείσα επιτροπής από ανακοίνωσις της του του ούτω ως επιτροπής είχε την επιτροπής 14.— συνεδριάσεως διεξάγεται Ο δια μελέτης επιτροπής ότι ούτω σχετικώς μελέτης κατά των εκατομμυρίων συζήτησις αυτού ΑΘΗΝΑΙ, επαρχίας κατά μελέτης ούτω ενδιαφερομένων επί επιτροπής μελέτης υπό είχε την από ότι σχετικώς του περί συζήτησις επιτροπής ενδιαφερομένων αυτού υπό από σχετικώς ούτω επιτροπής εκδοθείσα επί ΑΘΗΝΑΙ, ανακοίνωσις ανακοίνωσις κατά και ούτω των αποφασισθή ούτω εκατομμυρίων

διεξάγεται εργασιών επαρχίας ως ήδη ζητήματος μετά είχε συζήτησις ενδιαφερομένων επαρχίας του σήμερον σχετικώς μελέτης σχετικώς κ. ζητήματος σχετικώς αυτών ούτω συνεδριάσεως ως αυτού εργασιών της από την της εργασιών περιοχής επιτροπής προς σήμερον ανακοίνωσις ήδη διεξάγεται ενδιαφερομένων συνεδριάσεως αυτού
